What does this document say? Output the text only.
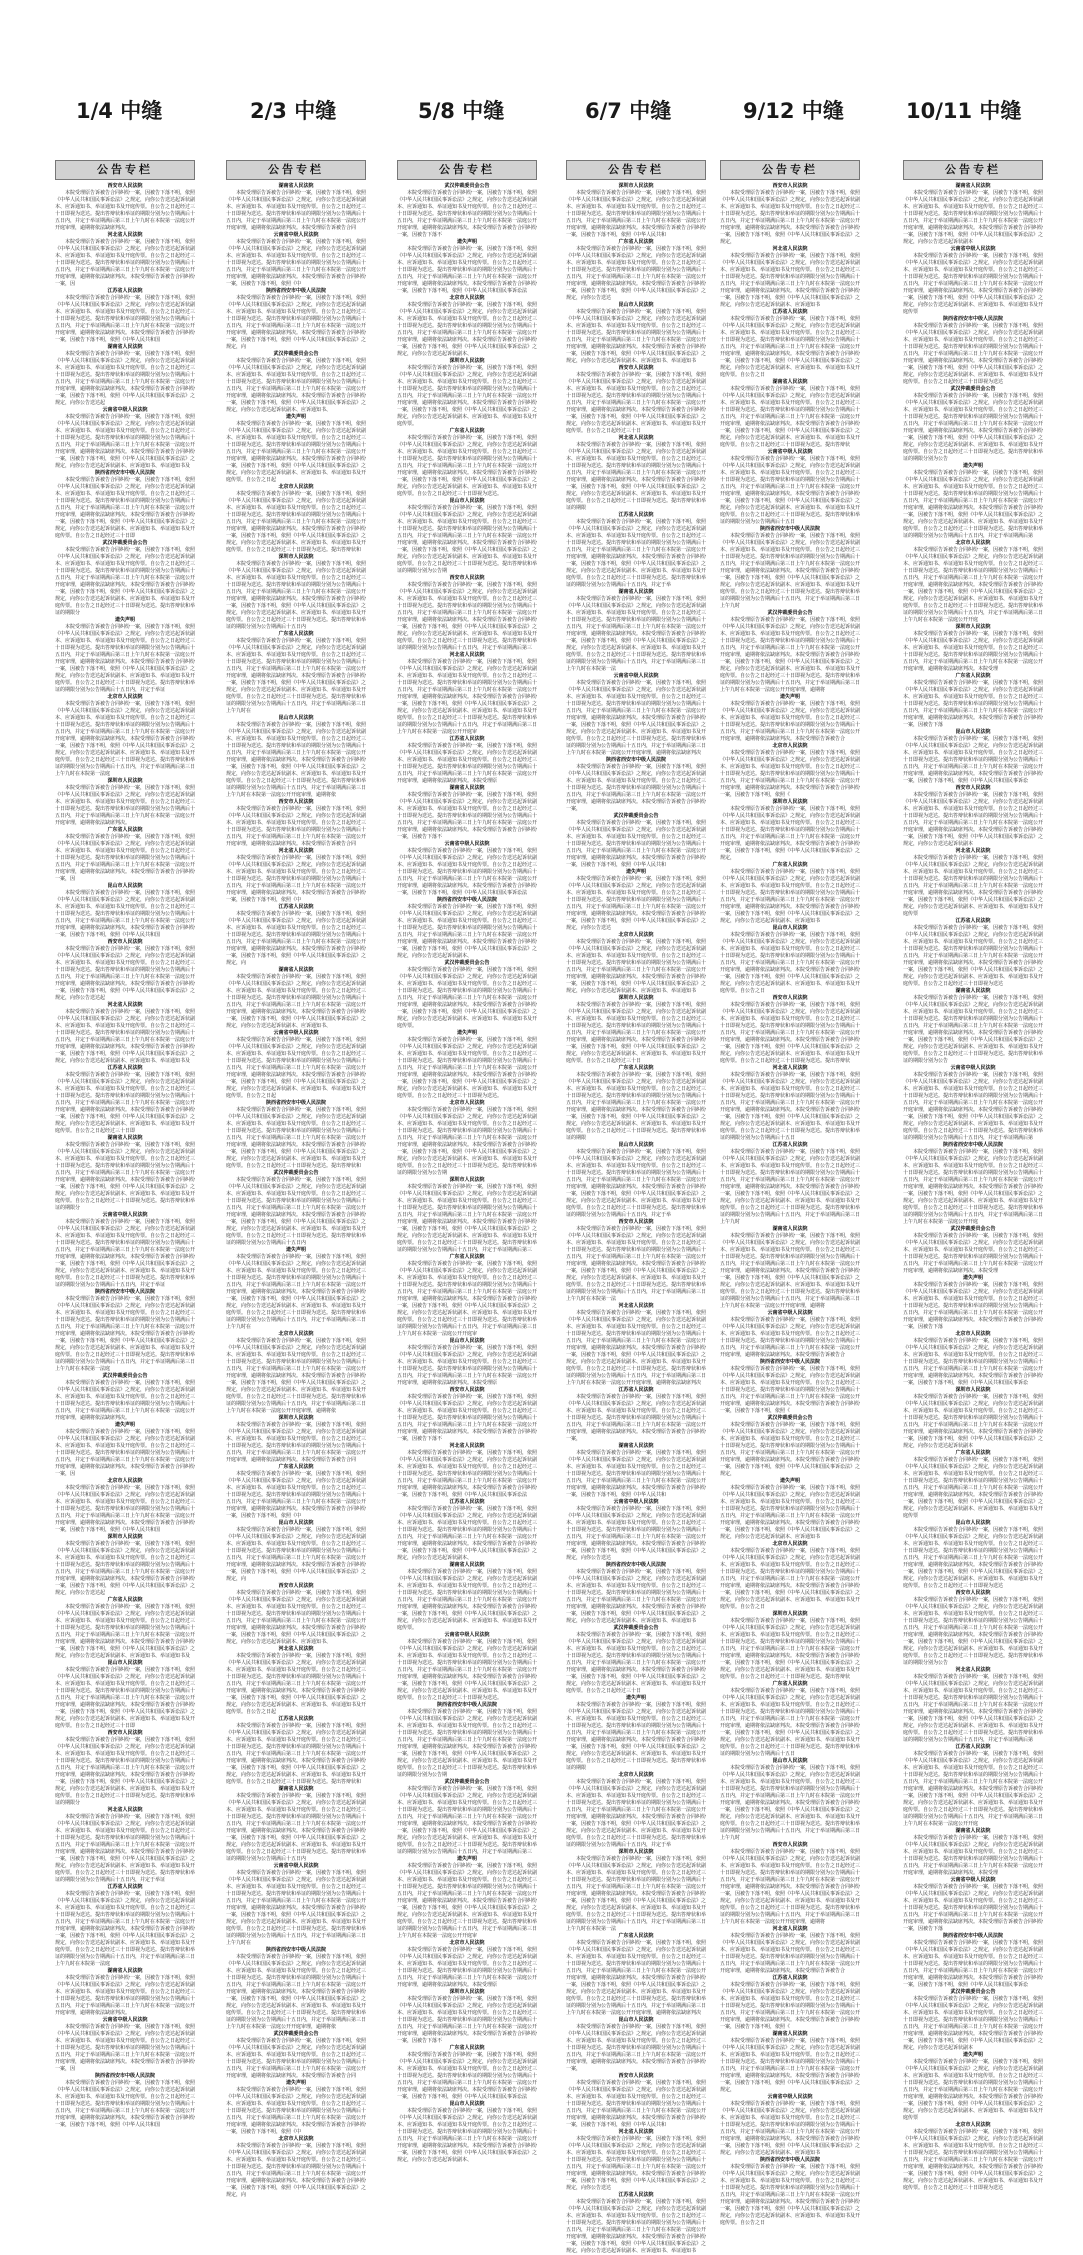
1/4 中缝	2/3 中缝	5/8 中缝	6/7 中缝	9/12 中缝	10/11 中缝
公告专栏
西安市人民法院
本院受理原告诉被告合同纠纷一案，因被告下落不明，依照《中华人民共和国民事诉讼法》之规定，向你公告送达起诉状副本、应诉通知书、举证通知书及开庭传票。自公告之日起经过三十日即视为送达。提出答辩状和举证的期限分别为公告期满后十五日内，并定于举证期满后第三日上午九时在本院第一法庭公开开庭审理，逾期将依法缺席判决。
河北省人民法院
本院受理原告诉被告合同纠纷一案，因被告下落不明，依照《中华人民共和国民事诉讼法》之规定，向你公告送达起诉状副本、应诉通知书、举证通知书及开庭传票。自公告之日起经过三十日即视为送达。提出答辩状和举证的期限分别为公告期满后十五日内，并定于举证期满后第三日上午九时在本院第一法庭公开开庭审理，逾期将依法缺席判决。本院受理原告诉被告合同纠纷一案，因
江苏省人民法院
本院受理原告诉被告合同纠纷一案，因被告下落不明，依照《中华人民共和国民事诉讼法》之规定，向你公告送达起诉状副本、应诉通知书、举证通知书及开庭传票。自公告之日起经过三十日即视为送达。提出答辩状和举证的期限分别为公告期满后十五日内，并定于举证期满后第三日上午九时在本院第一法庭公开开庭审理，逾期将依法缺席判决。本院受理原告诉被告合同纠纷一案，因被告下落不明，依照《中华人民共和国
湖南省人民法院
本院受理原告诉被告合同纠纷一案，因被告下落不明，依照《中华人民共和国民事诉讼法》之规定，向你公告送达起诉状副本、应诉通知书、举证通知书及开庭传票。自公告之日起经过三十日即视为送达。提出答辩状和举证的期限分别为公告期满后十五日内，并定于举证期满后第三日上午九时在本院第一法庭公开开庭审理，逾期将依法缺席判决。本院受理原告诉被告合同纠纷一案，因被告下落不明，依照《中华人民共和国民事诉讼法》之规定，向你公告送达起
云南省中级人民法院
本院受理原告诉被告合同纠纷一案，因被告下落不明，依照《中华人民共和国民事诉讼法》之规定，向你公告送达起诉状副本、应诉通知书、举证通知书及开庭传票。自公告之日起经过三十日即视为送达。提出答辩状和举证的期限分别为公告期满后十五日内，并定于举证期满后第三日上午九时在本院第一法庭公开开庭审理，逾期将依法缺席判决。本院受理原告诉被告合同纠纷一案，因被告下落不明，依照《中华人民共和国民事诉讼法》之规定，向你公告送达起诉状副本、应诉通知书、举证通知书及
陕西省西安市中级人民法院
本院受理原告诉被告合同纠纷一案，因被告下落不明，依照《中华人民共和国民事诉讼法》之规定，向你公告送达起诉状副本、应诉通知书、举证通知书及开庭传票。自公告之日起经过三十日即视为送达。提出答辩状和举证的期限分别为公告期满后十五日内，并定于举证期满后第三日上午九时在本院第一法庭公开开庭审理，逾期将依法缺席判决。本院受理原告诉被告合同纠纷一案，因被告下落不明，依照《中华人民共和国民事诉讼法》之规定，向你公告送达起诉状副本、应诉通知书、举证通知书及开庭传票。自公告之日起经过三十日即
武汉仲裁委员会公告
本院受理原告诉被告合同纠纷一案，因被告下落不明，依照《中华人民共和国民事诉讼法》之规定，向你公告送达起诉状副本、应诉通知书、举证通知书及开庭传票。自公告之日起经过三十日即视为送达。提出答辩状和举证的期限分别为公告期满后十五日内，并定于举证期满后第三日上午九时在本院第一法庭公开开庭审理，逾期将依法缺席判决。本院受理原告诉被告合同纠纷一案，因被告下落不明，依照《中华人民共和国民事诉讼法》之规定，向你公告送达起诉状副本、应诉通知书、举证通知书及开庭传票。自公告之日起经过三十日即视为送达。提出答辩状和举证的期限分
遗失声明
本院受理原告诉被告合同纠纷一案，因被告下落不明，依照《中华人民共和国民事诉讼法》之规定，向你公告送达起诉状副本、应诉通知书、举证通知书及开庭传票。自公告之日起经过三十日即视为送达。提出答辩状和举证的期限分别为公告期满后十五日内，并定于举证期满后第三日上午九时在本院第一法庭公开开庭审理，逾期将依法缺席判决。本院受理原告诉被告合同纠纷一案，因被告下落不明，依照《中华人民共和国民事诉讼法》之规定，向你公告送达起诉状副本、应诉通知书、举证通知书及开庭传票。自公告之日起经过三十日即视为送达。提出答辩状和举证的期限分别为公告期满后十五日内，并定于举证
北京市人民法院
本院受理原告诉被告合同纠纷一案，因被告下落不明，依照《中华人民共和国民事诉讼法》之规定，向你公告送达起诉状副本、应诉通知书、举证通知书及开庭传票。自公告之日起经过三十日即视为送达。提出答辩状和举证的期限分别为公告期满后十五日内，并定于举证期满后第三日上午九时在本院第一法庭公开开庭审理，逾期将依法缺席判决。本院受理原告诉被告合同纠纷一案，因被告下落不明，依照《中华人民共和国民事诉讼法》之规定，向你公告送达起诉状副本、应诉通知书、举证通知书及开庭传票。自公告之日起经过三十日即视为送达。提出答辩状和举证的期限分别为公告期满后十五日内，并定于举证期满后第三日上午九时在本院第一法庭
深圳市人民法院
本院受理原告诉被告合同纠纷一案，因被告下落不明，依照《中华人民共和国民事诉讼法》之规定，向你公告送达起诉状副本、应诉通知书、举证通知书及开庭传票。自公告之日起经过三十日即视为送达。提出答辩状和举证的期限分别为公告期满后十五日内，并定于举证期满后第三日上午九时在本院第一法庭公开开庭审理，逾期将依法缺席判决。
广东省人民法院
本院受理原告诉被告合同纠纷一案，因被告下落不明，依照《中华人民共和国民事诉讼法》之规定，向你公告送达起诉状副本、应诉通知书、举证通知书及开庭传票。自公告之日起经过三十日即视为送达。提出答辩状和举证的期限分别为公告期满后十五日内，并定于举证期满后第三日上午九时在本院第一法庭公开开庭审理，逾期将依法缺席判决。本院受理原告诉被告合同纠纷一案，因
昆山市人民法院
本院受理原告诉被告合同纠纷一案，因被告下落不明，依照《中华人民共和国民事诉讼法》之规定，向你公告送达起诉状副本、应诉通知书、举证通知书及开庭传票。自公告之日起经过三十日即视为送达。提出答辩状和举证的期限分别为公告期满后十五日内，并定于举证期满后第三日上午九时在本院第一法庭公开开庭审理，逾期将依法缺席判决。本院受理原告诉被告合同纠纷一案，因被告下落不明，依照《中华人民共和国
西安市人民法院
本院受理原告诉被告合同纠纷一案，因被告下落不明，依照《中华人民共和国民事诉讼法》之规定，向你公告送达起诉状副本、应诉通知书、举证通知书及开庭传票。自公告之日起经过三十日即视为送达。提出答辩状和举证的期限分别为公告期满后十五日内，并定于举证期满后第三日上午九时在本院第一法庭公开开庭审理，逾期将依法缺席判决。本院受理原告诉被告合同纠纷一案，因被告下落不明，依照《中华人民共和国民事诉讼法》之规定，向你公告送达起
河北省人民法院
本院受理原告诉被告合同纠纷一案，因被告下落不明，依照《中华人民共和国民事诉讼法》之规定，向你公告送达起诉状副本、应诉通知书、举证通知书及开庭传票。自公告之日起经过三十日即视为送达。提出答辩状和举证的期限分别为公告期满后十五日内，并定于举证期满后第三日上午九时在本院第一法庭公开开庭审理，逾期将依法缺席判决。本院受理原告诉被告合同纠纷一案，因被告下落不明，依照《中华人民共和国民事诉讼法》之规定，向你公告送达起诉状副本、应诉通知书、举证通知书及
江苏省人民法院
本院受理原告诉被告合同纠纷一案，因被告下落不明，依照《中华人民共和国民事诉讼法》之规定，向你公告送达起诉状副本、应诉通知书、举证通知书及开庭传票。自公告之日起经过三十日即视为送达。提出答辩状和举证的期限分别为公告期满后十五日内，并定于举证期满后第三日上午九时在本院第一法庭公开开庭审理，逾期将依法缺席判决。本院受理原告诉被告合同纠纷一案，因被告下落不明，依照《中华人民共和国民事诉讼法》之规定，向你公告送达起诉状副本、应诉通知书、举证通知书及开庭传票。自公告之日起经过三十日即
湖南省人民法院
本院受理原告诉被告合同纠纷一案，因被告下落不明，依照《中华人民共和国民事诉讼法》之规定，向你公告送达起诉状副本、应诉通知书、举证通知书及开庭传票。自公告之日起经过三十日即视为送达。提出答辩状和举证的期限分别为公告期满后十五日内，并定于举证期满后第三日上午九时在本院第一法庭公开开庭审理，逾期将依法缺席判决。本院受理原告诉被告合同纠纷一案，因被告下落不明，依照《中华人民共和国民事诉讼法》之规定，向你公告送达起诉状副本、应诉通知书、举证通知书及开庭传票。自公告之日起经过三十日即视为送达。提出答辩状和举证的期限分
云南省中级人民法院
本院受理原告诉被告合同纠纷一案，因被告下落不明，依照《中华人民共和国民事诉讼法》之规定，向你公告送达起诉状副本、应诉通知书、举证通知书及开庭传票。自公告之日起经过三十日即视为送达。提出答辩状和举证的期限分别为公告期满后十五日内，并定于举证期满后第三日上午九时在本院第一法庭公开开庭审理，逾期将依法缺席判决。本院受理原告诉被告合同纠纷一案，因被告下落不明，依照《中华人民共和国民事诉讼法》之规定，向你公告送达起诉状副本、应诉通知书、举证通知书及开庭传票。自公告之日起经过三十日即视为送达。提出答辩状和举证的期限分别为公告期满后十五日内，并定于举证
陕西省西安市中级人民法院
本院受理原告诉被告合同纠纷一案，因被告下落不明，依照《中华人民共和国民事诉讼法》之规定，向你公告送达起诉状副本、应诉通知书、举证通知书及开庭传票。自公告之日起经过三十日即视为送达。提出答辩状和举证的期限分别为公告期满后十五日内，并定于举证期满后第三日上午九时在本院第一法庭公开开庭审理，逾期将依法缺席判决。本院受理原告诉被告合同纠纷一案，因被告下落不明，依照《中华人民共和国民事诉讼法》之规定，向你公告送达起诉状副本、应诉通知书、举证通知书及开庭传票。自公告之日起经过三十日即视为送达。提出答辩状和举证的期限分别为公告期满后十五日内，并定于举证期满后第三日上午九时在本院第一法庭
武汉仲裁委员会公告
本院受理原告诉被告合同纠纷一案，因被告下落不明，依照《中华人民共和国民事诉讼法》之规定，向你公告送达起诉状副本、应诉通知书、举证通知书及开庭传票。自公告之日起经过三十日即视为送达。提出答辩状和举证的期限分别为公告期满后十五日内，并定于举证期满后第三日上午九时在本院第一法庭公开开庭审理，逾期将依法缺席判决。
遗失声明
本院受理原告诉被告合同纠纷一案，因被告下落不明，依照《中华人民共和国民事诉讼法》之规定，向你公告送达起诉状副本、应诉通知书、举证通知书及开庭传票。自公告之日起经过三十日即视为送达。提出答辩状和举证的期限分别为公告期满后十五日内，并定于举证期满后第三日上午九时在本院第一法庭公开开庭审理，逾期将依法缺席判决。本院受理原告诉被告合同纠纷一案，因
北京市人民法院
本院受理原告诉被告合同纠纷一案，因被告下落不明，依照《中华人民共和国民事诉讼法》之规定，向你公告送达起诉状副本、应诉通知书、举证通知书及开庭传票。自公告之日起经过三十日即视为送达。提出答辩状和举证的期限分别为公告期满后十五日内，并定于举证期满后第三日上午九时在本院第一法庭公开开庭审理，逾期将依法缺席判决。本院受理原告诉被告合同纠纷一案，因被告下落不明，依照《中华人民共和国
深圳市人民法院
本院受理原告诉被告合同纠纷一案，因被告下落不明，依照《中华人民共和国民事诉讼法》之规定，向你公告送达起诉状副本、应诉通知书、举证通知书及开庭传票。自公告之日起经过三十日即视为送达。提出答辩状和举证的期限分别为公告期满后十五日内，并定于举证期满后第三日上午九时在本院第一法庭公开开庭审理，逾期将依法缺席判决。本院受理原告诉被告合同纠纷一案，因被告下落不明，依照《中华人民共和国民事诉讼法》之规定，向你公告送达起
广东省人民法院
本院受理原告诉被告合同纠纷一案，因被告下落不明，依照《中华人民共和国民事诉讼法》之规定，向你公告送达起诉状副本、应诉通知书、举证通知书及开庭传票。自公告之日起经过三十日即视为送达。提出答辩状和举证的期限分别为公告期满后十五日内，并定于举证期满后第三日上午九时在本院第一法庭公开开庭审理，逾期将依法缺席判决。本院受理原告诉被告合同纠纷一案，因被告下落不明，依照《中华人民共和国民事诉讼法》之规定，向你公告送达起诉状副本、应诉通知书、举证通知书及
昆山市人民法院
本院受理原告诉被告合同纠纷一案，因被告下落不明，依照《中华人民共和国民事诉讼法》之规定，向你公告送达起诉状副本、应诉通知书、举证通知书及开庭传票。自公告之日起经过三十日即视为送达。提出答辩状和举证的期限分别为公告期满后十五日内，并定于举证期满后第三日上午九时在本院第一法庭公开开庭审理，逾期将依法缺席判决。本院受理原告诉被告合同纠纷一案，因被告下落不明，依照《中华人民共和国民事诉讼法》之规定，向你公告送达起诉状副本、应诉通知书、举证通知书及开庭传票。自公告之日起经过三十日即
西安市人民法院
本院受理原告诉被告合同纠纷一案，因被告下落不明，依照《中华人民共和国民事诉讼法》之规定，向你公告送达起诉状副本、应诉通知书、举证通知书及开庭传票。自公告之日起经过三十日即视为送达。提出答辩状和举证的期限分别为公告期满后十五日内，并定于举证期满后第三日上午九时在本院第一法庭公开开庭审理，逾期将依法缺席判决。本院受理原告诉被告合同纠纷一案，因被告下落不明，依照《中华人民共和国民事诉讼法》之规定，向你公告送达起诉状副本、应诉通知书、举证通知书及开庭传票。自公告之日起经过三十日即视为送达。提出答辩状和举证的期限分
河北省人民法院
本院受理原告诉被告合同纠纷一案，因被告下落不明，依照《中华人民共和国民事诉讼法》之规定，向你公告送达起诉状副本、应诉通知书、举证通知书及开庭传票。自公告之日起经过三十日即视为送达。提出答辩状和举证的期限分别为公告期满后十五日内，并定于举证期满后第三日上午九时在本院第一法庭公开开庭审理，逾期将依法缺席判决。本院受理原告诉被告合同纠纷一案，因被告下落不明，依照《中华人民共和国民事诉讼法》之规定，向你公告送达起诉状副本、应诉通知书、举证通知书及开庭传票。自公告之日起经过三十日即视为送达。提出答辩状和举证的期限分别为公告期满后十五日内，并定于举证
江苏省人民法院
本院受理原告诉被告合同纠纷一案，因被告下落不明，依照《中华人民共和国民事诉讼法》之规定，向你公告送达起诉状副本、应诉通知书、举证通知书及开庭传票。自公告之日起经过三十日即视为送达。提出答辩状和举证的期限分别为公告期满后十五日内，并定于举证期满后第三日上午九时在本院第一法庭公开开庭审理，逾期将依法缺席判决。本院受理原告诉被告合同纠纷一案，因被告下落不明，依照《中华人民共和国民事诉讼法》之规定，向你公告送达起诉状副本、应诉通知书、举证通知书及开庭传票。自公告之日起经过三十日即视为送达。提出答辩状和举证的期限分别为公告期满后十五日内，并定于举证期满后第三日上午九时在本院第一法庭
湖南省人民法院
本院受理原告诉被告合同纠纷一案，因被告下落不明，依照《中华人民共和国民事诉讼法》之规定，向你公告送达起诉状副本、应诉通知书、举证通知书及开庭传票。自公告之日起经过三十日即视为送达。提出答辩状和举证的期限分别为公告期满后十五日内，并定于举证期满后第三日上午九时在本院第一法庭公开开庭审理，逾期将依法缺席判决。
云南省中级人民法院
本院受理原告诉被告合同纠纷一案，因被告下落不明，依照《中华人民共和国民事诉讼法》之规定，向你公告送达起诉状副本、应诉通知书、举证通知书及开庭传票。自公告之日起经过三十日即视为送达。提出答辩状和举证的期限分别为公告期满后十五日内，并定于举证期满后第三日上午九时在本院第一法庭公开开庭审理，逾期将依法缺席判决。本院受理原告诉被告合同纠纷一案，因
陕西省西安市中级人民法院
本院受理原告诉被告合同纠纷一案，因被告下落不明，依照《中华人民共和国民事诉讼法》之规定，向你公告送达起诉状副本、应诉通知书、举证通知书及开庭传票。自公告之日起经过三十日即视为送达。提出答辩状和举证的期限分别为公告期满后十五日内，并定于举证期满后第三日上午九时在本院第一法庭公开开庭审理，逾期将依法缺席判决。本院受理原告诉被告合同纠纷一案，因被告下落不明，依照《中华人民共和国
公告专栏
湖南省人民法院
本院受理原告诉被告合同纠纷一案，因被告下落不明，依照《中华人民共和国民事诉讼法》之规定，向你公告送达起诉状副本、应诉通知书、举证通知书及开庭传票。自公告之日起经过三十日即视为送达。提出答辩状和举证的期限分别为公告期满后十五日内，并定于举证期满后第三日上午九时在本院第一法庭公开开庭审理，逾期将依法缺席判决。本院受理原告诉被告合同
云南省中级人民法院
本院受理原告诉被告合同纠纷一案，因被告下落不明，依照《中华人民共和国民事诉讼法》之规定，向你公告送达起诉状副本、应诉通知书、举证通知书及开庭传票。自公告之日起经过三十日即视为送达。提出答辩状和举证的期限分别为公告期满后十五日内，并定于举证期满后第三日上午九时在本院第一法庭公开开庭审理，逾期将依法缺席判决。本院受理原告诉被告合同纠纷一案，因被告下落不明，依照《中
陕西省西安市中级人民法院
本院受理原告诉被告合同纠纷一案，因被告下落不明，依照《中华人民共和国民事诉讼法》之规定，向你公告送达起诉状副本、应诉通知书、举证通知书及开庭传票。自公告之日起经过三十日即视为送达。提出答辩状和举证的期限分别为公告期满后十五日内，并定于举证期满后第三日上午九时在本院第一法庭公开开庭审理，逾期将依法缺席判决。本院受理原告诉被告合同纠纷一案，因被告下落不明，依照《中华人民共和国民事诉讼法》之规定，向
武汉仲裁委员会公告
本院受理原告诉被告合同纠纷一案，因被告下落不明，依照《中华人民共和国民事诉讼法》之规定，向你公告送达起诉状副本、应诉通知书、举证通知书及开庭传票。自公告之日起经过三十日即视为送达。提出答辩状和举证的期限分别为公告期满后十五日内，并定于举证期满后第三日上午九时在本院第一法庭公开开庭审理，逾期将依法缺席判决。本院受理原告诉被告合同纠纷一案，因被告下落不明，依照《中华人民共和国民事诉讼法》之规定，向你公告送达起诉状副本、应诉通知书、
遗失声明
本院受理原告诉被告合同纠纷一案，因被告下落不明，依照《中华人民共和国民事诉讼法》之规定，向你公告送达起诉状副本、应诉通知书、举证通知书及开庭传票。自公告之日起经过三十日即视为送达。提出答辩状和举证的期限分别为公告期满后十五日内，并定于举证期满后第三日上午九时在本院第一法庭公开开庭审理，逾期将依法缺席判决。本院受理原告诉被告合同纠纷一案，因被告下落不明，依照《中华人民共和国民事诉讼法》之规定，向你公告送达起诉状副本、应诉通知书、举证通知书及开庭传票。自公告之日起
北京市人民法院
本院受理原告诉被告合同纠纷一案，因被告下落不明，依照《中华人民共和国民事诉讼法》之规定，向你公告送达起诉状副本、应诉通知书、举证通知书及开庭传票。自公告之日起经过三十日即视为送达。提出答辩状和举证的期限分别为公告期满后十五日内，并定于举证期满后第三日上午九时在本院第一法庭公开开庭审理，逾期将依法缺席判决。本院受理原告诉被告合同纠纷一案，因被告下落不明，依照《中华人民共和国民事诉讼法》之规定，向你公告送达起诉状副本、应诉通知书、举证通知书及开庭传票。自公告之日起经过三十日即视为送达。提出答辩状和
深圳市人民法院
本院受理原告诉被告合同纠纷一案，因被告下落不明，依照《中华人民共和国民事诉讼法》之规定，向你公告送达起诉状副本、应诉通知书、举证通知书及开庭传票。自公告之日起经过三十日即视为送达。提出答辩状和举证的期限分别为公告期满后十五日内，并定于举证期满后第三日上午九时在本院第一法庭公开开庭审理，逾期将依法缺席判决。本院受理原告诉被告合同纠纷一案，因被告下落不明，依照《中华人民共和国民事诉讼法》之规定，向你公告送达起诉状副本、应诉通知书、举证通知书及开庭传票。自公告之日起经过三十日即视为送达。提出答辩状和举证的期限分别为公告期满后十五日内
广东省人民法院
本院受理原告诉被告合同纠纷一案，因被告下落不明，依照《中华人民共和国民事诉讼法》之规定，向你公告送达起诉状副本、应诉通知书、举证通知书及开庭传票。自公告之日起经过三十日即视为送达。提出答辩状和举证的期限分别为公告期满后十五日内，并定于举证期满后第三日上午九时在本院第一法庭公开开庭审理，逾期将依法缺席判决。本院受理原告诉被告合同纠纷一案，因被告下落不明，依照《中华人民共和国民事诉讼法》之规定，向你公告送达起诉状副本、应诉通知书、举证通知书及开庭传票。自公告之日起经过三十日即视为送达。提出答辩状和举证的期限分别为公告期满后十五日内，并定于举证期满后第三日上午九时在
昆山市人民法院
本院受理原告诉被告合同纠纷一案，因被告下落不明，依照《中华人民共和国民事诉讼法》之规定，向你公告送达起诉状副本、应诉通知书、举证通知书及开庭传票。自公告之日起经过三十日即视为送达。提出答辩状和举证的期限分别为公告期满后十五日内，并定于举证期满后第三日上午九时在本院第一法庭公开开庭审理，逾期将依法缺席判决。本院受理原告诉被告合同纠纷一案，因被告下落不明，依照《中华人民共和国民事诉讼法》之规定，向你公告送达起诉状副本、应诉通知书、举证通知书及开庭传票。自公告之日起经过三十日即视为送达。提出答辩状和举证的期限分别为公告期满后十五日内，并定于举证期满后第三日上午九时在本院第一法庭公开开庭审理，逾期将依
西安市人民法院
本院受理原告诉被告合同纠纷一案，因被告下落不明，依照《中华人民共和国民事诉讼法》之规定，向你公告送达起诉状副本、应诉通知书、举证通知书及开庭传票。自公告之日起经过三十日即视为送达。提出答辩状和举证的期限分别为公告期满后十五日内，并定于举证期满后第三日上午九时在本院第一法庭公开开庭审理，逾期将依法缺席判决。本院受理原告诉被告合同
河北省人民法院
本院受理原告诉被告合同纠纷一案，因被告下落不明，依照《中华人民共和国民事诉讼法》之规定，向你公告送达起诉状副本、应诉通知书、举证通知书及开庭传票。自公告之日起经过三十日即视为送达。提出答辩状和举证的期限分别为公告期满后十五日内，并定于举证期满后第三日上午九时在本院第一法庭公开开庭审理，逾期将依法缺席判决。本院受理原告诉被告合同纠纷一案，因被告下落不明，依照《中
江苏省人民法院
本院受理原告诉被告合同纠纷一案，因被告下落不明，依照《中华人民共和国民事诉讼法》之规定，向你公告送达起诉状副本、应诉通知书、举证通知书及开庭传票。自公告之日起经过三十日即视为送达。提出答辩状和举证的期限分别为公告期满后十五日内，并定于举证期满后第三日上午九时在本院第一法庭公开开庭审理，逾期将依法缺席判决。本院受理原告诉被告合同纠纷一案，因被告下落不明，依照《中华人民共和国民事诉讼法》之规定，向
湖南省人民法院
本院受理原告诉被告合同纠纷一案，因被告下落不明，依照《中华人民共和国民事诉讼法》之规定，向你公告送达起诉状副本、应诉通知书、举证通知书及开庭传票。自公告之日起经过三十日即视为送达。提出答辩状和举证的期限分别为公告期满后十五日内，并定于举证期满后第三日上午九时在本院第一法庭公开开庭审理，逾期将依法缺席判决。本院受理原告诉被告合同纠纷一案，因被告下落不明，依照《中华人民共和国民事诉讼法》之规定，向你公告送达起诉状副本、应诉通知书、
云南省中级人民法院
本院受理原告诉被告合同纠纷一案，因被告下落不明，依照《中华人民共和国民事诉讼法》之规定，向你公告送达起诉状副本、应诉通知书、举证通知书及开庭传票。自公告之日起经过三十日即视为送达。提出答辩状和举证的期限分别为公告期满后十五日内，并定于举证期满后第三日上午九时在本院第一法庭公开开庭审理，逾期将依法缺席判决。本院受理原告诉被告合同纠纷一案，因被告下落不明，依照《中华人民共和国民事诉讼法》之规定，向你公告送达起诉状副本、应诉通知书、举证通知书及开庭传票。自公告之日起
陕西省西安市中级人民法院
本院受理原告诉被告合同纠纷一案，因被告下落不明，依照《中华人民共和国民事诉讼法》之规定，向你公告送达起诉状副本、应诉通知书、举证通知书及开庭传票。自公告之日起经过三十日即视为送达。提出答辩状和举证的期限分别为公告期满后十五日内，并定于举证期满后第三日上午九时在本院第一法庭公开开庭审理，逾期将依法缺席判决。本院受理原告诉被告合同纠纷一案，因被告下落不明，依照《中华人民共和国民事诉讼法》之规定，向你公告送达起诉状副本、应诉通知书、举证通知书及开庭传票。自公告之日起经过三十日即视为送达。提出答辩状和
武汉仲裁委员会公告
本院受理原告诉被告合同纠纷一案，因被告下落不明，依照《中华人民共和国民事诉讼法》之规定，向你公告送达起诉状副本、应诉通知书、举证通知书及开庭传票。自公告之日起经过三十日即视为送达。提出答辩状和举证的期限分别为公告期满后十五日内，并定于举证期满后第三日上午九时在本院第一法庭公开开庭审理，逾期将依法缺席判决。本院受理原告诉被告合同纠纷一案，因被告下落不明，依照《中华人民共和国民事诉讼法》之规定，向你公告送达起诉状副本、应诉通知书、举证通知书及开庭传票。自公告之日起经过三十日即视为送达。提出答辩状和举证的期限分别为公告期满后十五日内
遗失声明
本院受理原告诉被告合同纠纷一案，因被告下落不明，依照《中华人民共和国民事诉讼法》之规定，向你公告送达起诉状副本、应诉通知书、举证通知书及开庭传票。自公告之日起经过三十日即视为送达。提出答辩状和举证的期限分别为公告期满后十五日内，并定于举证期满后第三日上午九时在本院第一法庭公开开庭审理，逾期将依法缺席判决。本院受理原告诉被告合同纠纷一案，因被告下落不明，依照《中华人民共和国民事诉讼法》之规定，向你公告送达起诉状副本、应诉通知书、举证通知书及开庭传票。自公告之日起经过三十日即视为送达。提出答辩状和举证的期限分别为公告期满后十五日内，并定于举证期满后第三日上午九时在
北京市人民法院
本院受理原告诉被告合同纠纷一案，因被告下落不明，依照《中华人民共和国民事诉讼法》之规定，向你公告送达起诉状副本、应诉通知书、举证通知书及开庭传票。自公告之日起经过三十日即视为送达。提出答辩状和举证的期限分别为公告期满后十五日内，并定于举证期满后第三日上午九时在本院第一法庭公开开庭审理，逾期将依法缺席判决。本院受理原告诉被告合同纠纷一案，因被告下落不明，依照《中华人民共和国民事诉讼法》之规定，向你公告送达起诉状副本、应诉通知书、举证通知书及开庭传票。自公告之日起经过三十日即视为送达。提出答辩状和举证的期限分别为公告期满后十五日内，并定于举证期满后第三日上午九时在本院第一法庭公开开庭审理，逾期将依
深圳市人民法院
本院受理原告诉被告合同纠纷一案，因被告下落不明，依照《中华人民共和国民事诉讼法》之规定，向你公告送达起诉状副本、应诉通知书、举证通知书及开庭传票。自公告之日起经过三十日即视为送达。提出答辩状和举证的期限分别为公告期满后十五日内，并定于举证期满后第三日上午九时在本院第一法庭公开开庭审理，逾期将依法缺席判决。本院受理原告诉被告合同
广东省人民法院
本院受理原告诉被告合同纠纷一案，因被告下落不明，依照《中华人民共和国民事诉讼法》之规定，向你公告送达起诉状副本、应诉通知书、举证通知书及开庭传票。自公告之日起经过三十日即视为送达。提出答辩状和举证的期限分别为公告期满后十五日内，并定于举证期满后第三日上午九时在本院第一法庭公开开庭审理，逾期将依法缺席判决。本院受理原告诉被告合同纠纷一案，因被告下落不明，依照《中
昆山市人民法院
本院受理原告诉被告合同纠纷一案，因被告下落不明，依照《中华人民共和国民事诉讼法》之规定，向你公告送达起诉状副本、应诉通知书、举证通知书及开庭传票。自公告之日起经过三十日即视为送达。提出答辩状和举证的期限分别为公告期满后十五日内，并定于举证期满后第三日上午九时在本院第一法庭公开开庭审理，逾期将依法缺席判决。本院受理原告诉被告合同纠纷一案，因被告下落不明，依照《中华人民共和国民事诉讼法》之规定，向
西安市人民法院
本院受理原告诉被告合同纠纷一案，因被告下落不明，依照《中华人民共和国民事诉讼法》之规定，向你公告送达起诉状副本、应诉通知书、举证通知书及开庭传票。自公告之日起经过三十日即视为送达。提出答辩状和举证的期限分别为公告期满后十五日内，并定于举证期满后第三日上午九时在本院第一法庭公开开庭审理，逾期将依法缺席判决。本院受理原告诉被告合同纠纷一案，因被告下落不明，依照《中华人民共和国民事诉讼法》之规定，向你公告送达起诉状副本、应诉通知书、
河北省人民法院
本院受理原告诉被告合同纠纷一案，因被告下落不明，依照《中华人民共和国民事诉讼法》之规定，向你公告送达起诉状副本、应诉通知书、举证通知书及开庭传票。自公告之日起经过三十日即视为送达。提出答辩状和举证的期限分别为公告期满后十五日内，并定于举证期满后第三日上午九时在本院第一法庭公开开庭审理，逾期将依法缺席判决。本院受理原告诉被告合同纠纷一案，因被告下落不明，依照《中华人民共和国民事诉讼法》之规定，向你公告送达起诉状副本、应诉通知书、举证通知书及开庭传票。自公告之日起
江苏省人民法院
本院受理原告诉被告合同纠纷一案，因被告下落不明，依照《中华人民共和国民事诉讼法》之规定，向你公告送达起诉状副本、应诉通知书、举证通知书及开庭传票。自公告之日起经过三十日即视为送达。提出答辩状和举证的期限分别为公告期满后十五日内，并定于举证期满后第三日上午九时在本院第一法庭公开开庭审理，逾期将依法缺席判决。本院受理原告诉被告合同纠纷一案，因被告下落不明，依照《中华人民共和国民事诉讼法》之规定，向你公告送达起诉状副本、应诉通知书、举证通知书及开庭传票。自公告之日起经过三十日即视为送达。提出答辩状和
湖南省人民法院
本院受理原告诉被告合同纠纷一案，因被告下落不明，依照《中华人民共和国民事诉讼法》之规定，向你公告送达起诉状副本、应诉通知书、举证通知书及开庭传票。自公告之日起经过三十日即视为送达。提出答辩状和举证的期限分别为公告期满后十五日内，并定于举证期满后第三日上午九时在本院第一法庭公开开庭审理，逾期将依法缺席判决。本院受理原告诉被告合同纠纷一案，因被告下落不明，依照《中华人民共和国民事诉讼法》之规定，向你公告送达起诉状副本、应诉通知书、举证通知书及开庭传票。自公告之日起经过三十日即视为送达。提出答辩状和举证的期限分别为公告期满后十五日内
云南省中级人民法院
本院受理原告诉被告合同纠纷一案，因被告下落不明，依照《中华人民共和国民事诉讼法》之规定，向你公告送达起诉状副本、应诉通知书、举证通知书及开庭传票。自公告之日起经过三十日即视为送达。提出答辩状和举证的期限分别为公告期满后十五日内，并定于举证期满后第三日上午九时在本院第一法庭公开开庭审理，逾期将依法缺席判决。本院受理原告诉被告合同纠纷一案，因被告下落不明，依照《中华人民共和国民事诉讼法》之规定，向你公告送达起诉状副本、应诉通知书、举证通知书及开庭传票。自公告之日起经过三十日即视为送达。提出答辩状和举证的期限分别为公告期满后十五日内，并定于举证期满后第三日上午九时在
陕西省西安市中级人民法院
本院受理原告诉被告合同纠纷一案，因被告下落不明，依照《中华人民共和国民事诉讼法》之规定，向你公告送达起诉状副本、应诉通知书、举证通知书及开庭传票。自公告之日起经过三十日即视为送达。提出答辩状和举证的期限分别为公告期满后十五日内，并定于举证期满后第三日上午九时在本院第一法庭公开开庭审理，逾期将依法缺席判决。本院受理原告诉被告合同纠纷一案，因被告下落不明，依照《中华人民共和国民事诉讼法》之规定，向你公告送达起诉状副本、应诉通知书、举证通知书及开庭传票。自公告之日起经过三十日即视为送达。提出答辩状和举证的期限分别为公告期满后十五日内，并定于举证期满后第三日上午九时在本院第一法庭公开开庭审理，逾期将依
武汉仲裁委员会公告
本院受理原告诉被告合同纠纷一案，因被告下落不明，依照《中华人民共和国民事诉讼法》之规定，向你公告送达起诉状副本、应诉通知书、举证通知书及开庭传票。自公告之日起经过三十日即视为送达。提出答辩状和举证的期限分别为公告期满后十五日内，并定于举证期满后第三日上午九时在本院第一法庭公开开庭审理，逾期将依法缺席判决。本院受理原告诉被告合同
遗失声明
本院受理原告诉被告合同纠纷一案，因被告下落不明，依照《中华人民共和国民事诉讼法》之规定，向你公告送达起诉状副本、应诉通知书、举证通知书及开庭传票。自公告之日起经过三十日即视为送达。提出答辩状和举证的期限分别为公告期满后十五日内，并定于举证期满后第三日上午九时在本院第一法庭公开开庭审理，逾期将依法缺席判决。本院受理原告诉被告合同纠纷一案，因被告下落不明，依照《中
北京市人民法院
本院受理原告诉被告合同纠纷一案，因被告下落不明，依照《中华人民共和国民事诉讼法》之规定，向你公告送达起诉状副本、应诉通知书、举证通知书及开庭传票。自公告之日起经过三十日即视为送达。提出答辩状和举证的期限分别为公告期满后十五日内，并定于举证期满后第三日上午九时在本院第一法庭公开开庭审理，逾期将依法缺席判决。本院受理原告诉被告合同纠纷一案，因被告下落不明，依照《中华人民共和国民事诉讼法》之规定，向
公告专栏
武汉仲裁委员会公告
本院受理原告诉被告合同纠纷一案，因被告下落不明，依照《中华人民共和国民事诉讼法》之规定，向你公告送达起诉状副本、应诉通知书、举证通知书及开庭传票。自公告之日起经过三十日即视为送达。提出答辩状和举证的期限分别为公告期满后十五日内，并定于举证期满后第三日上午九时在本院第一法庭公开开庭审理，逾期将依法缺席判决。本院受理原告诉被告合同纠纷一案，因被告下落不
遗失声明
本院受理原告诉被告合同纠纷一案，因被告下落不明，依照《中华人民共和国民事诉讼法》之规定，向你公告送达起诉状副本、应诉通知书、举证通知书及开庭传票。自公告之日起经过三十日即视为送达。提出答辩状和举证的期限分别为公告期满后十五日内，并定于举证期满后第三日上午九时在本院第一法庭公开开庭审理，逾期将依法缺席判决。本院受理原告诉被告合同纠纷一案，因被告下落不明，依照《中华人民共和国民事诉讼法
北京市人民法院
本院受理原告诉被告合同纠纷一案，因被告下落不明，依照《中华人民共和国民事诉讼法》之规定，向你公告送达起诉状副本、应诉通知书、举证通知书及开庭传票。自公告之日起经过三十日即视为送达。提出答辩状和举证的期限分别为公告期满后十五日内，并定于举证期满后第三日上午九时在本院第一法庭公开开庭审理，逾期将依法缺席判决。本院受理原告诉被告合同纠纷一案，因被告下落不明，依照《中华人民共和国民事诉讼法》之规定，向你公告送达起诉状副本、
深圳市人民法院
本院受理原告诉被告合同纠纷一案，因被告下落不明，依照《中华人民共和国民事诉讼法》之规定，向你公告送达起诉状副本、应诉通知书、举证通知书及开庭传票。自公告之日起经过三十日即视为送达。提出答辩状和举证的期限分别为公告期满后十五日内，并定于举证期满后第三日上午九时在本院第一法庭公开开庭审理，逾期将依法缺席判决。本院受理原告诉被告合同纠纷一案，因被告下落不明，依照《中华人民共和国民事诉讼法》之规定，向你公告送达起诉状副本、应诉通知书、举证通知书及开庭传票。
广东省人民法院
本院受理原告诉被告合同纠纷一案，因被告下落不明，依照《中华人民共和国民事诉讼法》之规定，向你公告送达起诉状副本、应诉通知书、举证通知书及开庭传票。自公告之日起经过三十日即视为送达。提出答辩状和举证的期限分别为公告期满后十五日内，并定于举证期满后第三日上午九时在本院第一法庭公开开庭审理，逾期将依法缺席判决。本院受理原告诉被告合同纠纷一案，因被告下落不明，依照《中华人民共和国民事诉讼法》之规定，向你公告送达起诉状副本、应诉通知书、举证通知书及开庭传票。自公告之日起经过三十日即视为送达。
昆山市人民法院
本院受理原告诉被告合同纠纷一案，因被告下落不明，依照《中华人民共和国民事诉讼法》之规定，向你公告送达起诉状副本、应诉通知书、举证通知书及开庭传票。自公告之日起经过三十日即视为送达。提出答辩状和举证的期限分别为公告期满后十五日内，并定于举证期满后第三日上午九时在本院第一法庭公开开庭审理，逾期将依法缺席判决。本院受理原告诉被告合同纠纷一案，因被告下落不明，依照《中华人民共和国民事诉讼法》之规定，向你公告送达起诉状副本、应诉通知书、举证通知书及开庭传票。自公告之日起经过三十日即视为送达。提出答辩状和举证的期限分别为公告期
西安市人民法院
本院受理原告诉被告合同纠纷一案，因被告下落不明，依照《中华人民共和国民事诉讼法》之规定，向你公告送达起诉状副本、应诉通知书、举证通知书及开庭传票。自公告之日起经过三十日即视为送达。提出答辩状和举证的期限分别为公告期满后十五日内，并定于举证期满后第三日上午九时在本院第一法庭公开开庭审理，逾期将依法缺席判决。本院受理原告诉被告合同纠纷一案，因被告下落不明，依照《中华人民共和国民事诉讼法》之规定，向你公告送达起诉状副本、应诉通知书、举证通知书及开庭传票。自公告之日起经过三十日即视为送达。提出答辩状和举证的期限分别为公告期满后十五日内，并定于举证期满后第三
河北省人民法院
本院受理原告诉被告合同纠纷一案，因被告下落不明，依照《中华人民共和国民事诉讼法》之规定，向你公告送达起诉状副本、应诉通知书、举证通知书及开庭传票。自公告之日起经过三十日即视为送达。提出答辩状和举证的期限分别为公告期满后十五日内，并定于举证期满后第三日上午九时在本院第一法庭公开开庭审理，逾期将依法缺席判决。本院受理原告诉被告合同纠纷一案，因被告下落不明，依照《中华人民共和国民事诉讼法》之规定，向你公告送达起诉状副本、应诉通知书、举证通知书及开庭传票。自公告之日起经过三十日即视为送达。提出答辩状和举证的期限分别为公告期满后十五日内，并定于举证期满后第三日上午九时在本院第一法庭公开开庭审
江苏省人民法院
本院受理原告诉被告合同纠纷一案，因被告下落不明，依照《中华人民共和国民事诉讼法》之规定，向你公告送达起诉状副本、应诉通知书、举证通知书及开庭传票。自公告之日起经过三十日即视为送达。提出答辩状和举证的期限分别为公告期满后十五日内，并定于举证期满后第三日上午九时在本院第一法庭公开开庭审理，逾期将依法缺席判决。本院受理原
湖南省人民法院
本院受理原告诉被告合同纠纷一案，因被告下落不明，依照《中华人民共和国民事诉讼法》之规定，向你公告送达起诉状副本、应诉通知书、举证通知书及开庭传票。自公告之日起经过三十日即视为送达。提出答辩状和举证的期限分别为公告期满后十五日内，并定于举证期满后第三日上午九时在本院第一法庭公开开庭审理，逾期将依法缺席判决。本院受理原告诉被告合同纠纷一案，因被告下落不
云南省中级人民法院
本院受理原告诉被告合同纠纷一案，因被告下落不明，依照《中华人民共和国民事诉讼法》之规定，向你公告送达起诉状副本、应诉通知书、举证通知书及开庭传票。自公告之日起经过三十日即视为送达。提出答辩状和举证的期限分别为公告期满后十五日内，并定于举证期满后第三日上午九时在本院第一法庭公开开庭审理，逾期将依法缺席判决。本院受理原告诉被告合同纠纷一案，因被告下落不明，依照《中华人民共和国民事诉讼法
陕西省西安市中级人民法院
本院受理原告诉被告合同纠纷一案，因被告下落不明，依照《中华人民共和国民事诉讼法》之规定，向你公告送达起诉状副本、应诉通知书、举证通知书及开庭传票。自公告之日起经过三十日即视为送达。提出答辩状和举证的期限分别为公告期满后十五日内，并定于举证期满后第三日上午九时在本院第一法庭公开开庭审理，逾期将依法缺席判决。本院受理原告诉被告合同纠纷一案，因被告下落不明，依照《中华人民共和国民事诉讼法》之规定，向你公告送达起诉状副本、
武汉仲裁委员会公告
本院受理原告诉被告合同纠纷一案，因被告下落不明，依照《中华人民共和国民事诉讼法》之规定，向你公告送达起诉状副本、应诉通知书、举证通知书及开庭传票。自公告之日起经过三十日即视为送达。提出答辩状和举证的期限分别为公告期满后十五日内，并定于举证期满后第三日上午九时在本院第一法庭公开开庭审理，逾期将依法缺席判决。本院受理原告诉被告合同纠纷一案，因被告下落不明，依照《中华人民共和国民事诉讼法》之规定，向你公告送达起诉状副本、应诉通知书、举证通知书及开庭传票。
遗失声明
本院受理原告诉被告合同纠纷一案，因被告下落不明，依照《中华人民共和国民事诉讼法》之规定，向你公告送达起诉状副本、应诉通知书、举证通知书及开庭传票。自公告之日起经过三十日即视为送达。提出答辩状和举证的期限分别为公告期满后十五日内，并定于举证期满后第三日上午九时在本院第一法庭公开开庭审理，逾期将依法缺席判决。本院受理原告诉被告合同纠纷一案，因被告下落不明，依照《中华人民共和国民事诉讼法》之规定，向你公告送达起诉状副本、应诉通知书、举证通知书及开庭传票。自公告之日起经过三十日即视为送达。
北京市人民法院
本院受理原告诉被告合同纠纷一案，因被告下落不明，依照《中华人民共和国民事诉讼法》之规定，向你公告送达起诉状副本、应诉通知书、举证通知书及开庭传票。自公告之日起经过三十日即视为送达。提出答辩状和举证的期限分别为公告期满后十五日内，并定于举证期满后第三日上午九时在本院第一法庭公开开庭审理，逾期将依法缺席判决。本院受理原告诉被告合同纠纷一案，因被告下落不明，依照《中华人民共和国民事诉讼法》之规定，向你公告送达起诉状副本、应诉通知书、举证通知书及开庭传票。自公告之日起经过三十日即视为送达。提出答辩状和举证的期限分别为公告期
深圳市人民法院
本院受理原告诉被告合同纠纷一案，因被告下落不明，依照《中华人民共和国民事诉讼法》之规定，向你公告送达起诉状副本、应诉通知书、举证通知书及开庭传票。自公告之日起经过三十日即视为送达。提出答辩状和举证的期限分别为公告期满后十五日内，并定于举证期满后第三日上午九时在本院第一法庭公开开庭审理，逾期将依法缺席判决。本院受理原告诉被告合同纠纷一案，因被告下落不明，依照《中华人民共和国民事诉讼法》之规定，向你公告送达起诉状副本、应诉通知书、举证通知书及开庭传票。自公告之日起经过三十日即视为送达。提出答辩状和举证的期限分别为公告期满后十五日内，并定于举证期满后第三
广东省人民法院
本院受理原告诉被告合同纠纷一案，因被告下落不明，依照《中华人民共和国民事诉讼法》之规定，向你公告送达起诉状副本、应诉通知书、举证通知书及开庭传票。自公告之日起经过三十日即视为送达。提出答辩状和举证的期限分别为公告期满后十五日内，并定于举证期满后第三日上午九时在本院第一法庭公开开庭审理，逾期将依法缺席判决。本院受理原告诉被告合同纠纷一案，因被告下落不明，依照《中华人民共和国民事诉讼法》之规定，向你公告送达起诉状副本、应诉通知书、举证通知书及开庭传票。自公告之日起经过三十日即视为送达。提出答辩状和举证的期限分别为公告期满后十五日内，并定于举证期满后第三日上午九时在本院第一法庭公开开庭审
昆山市人民法院
本院受理原告诉被告合同纠纷一案，因被告下落不明，依照《中华人民共和国民事诉讼法》之规定，向你公告送达起诉状副本、应诉通知书、举证通知书及开庭传票。自公告之日起经过三十日即视为送达。提出答辩状和举证的期限分别为公告期满后十五日内，并定于举证期满后第三日上午九时在本院第一法庭公开开庭审理，逾期将依法缺席判决。本院受理原
西安市人民法院
本院受理原告诉被告合同纠纷一案，因被告下落不明，依照《中华人民共和国民事诉讼法》之规定，向你公告送达起诉状副本、应诉通知书、举证通知书及开庭传票。自公告之日起经过三十日即视为送达。提出答辩状和举证的期限分别为公告期满后十五日内，并定于举证期满后第三日上午九时在本院第一法庭公开开庭审理，逾期将依法缺席判决。本院受理原告诉被告合同纠纷一案，因被告下落不
河北省人民法院
本院受理原告诉被告合同纠纷一案，因被告下落不明，依照《中华人民共和国民事诉讼法》之规定，向你公告送达起诉状副本、应诉通知书、举证通知书及开庭传票。自公告之日起经过三十日即视为送达。提出答辩状和举证的期限分别为公告期满后十五日内，并定于举证期满后第三日上午九时在本院第一法庭公开开庭审理，逾期将依法缺席判决。本院受理原告诉被告合同纠纷一案，因被告下落不明，依照《中华人民共和国民事诉讼法
江苏省人民法院
本院受理原告诉被告合同纠纷一案，因被告下落不明，依照《中华人民共和国民事诉讼法》之规定，向你公告送达起诉状副本、应诉通知书、举证通知书及开庭传票。自公告之日起经过三十日即视为送达。提出答辩状和举证的期限分别为公告期满后十五日内，并定于举证期满后第三日上午九时在本院第一法庭公开开庭审理，逾期将依法缺席判决。本院受理原告诉被告合同纠纷一案，因被告下落不明，依照《中华人民共和国民事诉讼法》之规定，向你公告送达起诉状副本、
湖南省人民法院
本院受理原告诉被告合同纠纷一案，因被告下落不明，依照《中华人民共和国民事诉讼法》之规定，向你公告送达起诉状副本、应诉通知书、举证通知书及开庭传票。自公告之日起经过三十日即视为送达。提出答辩状和举证的期限分别为公告期满后十五日内，并定于举证期满后第三日上午九时在本院第一法庭公开开庭审理，逾期将依法缺席判决。本院受理原告诉被告合同纠纷一案，因被告下落不明，依照《中华人民共和国民事诉讼法》之规定，向你公告送达起诉状副本、应诉通知书、举证通知书及开庭传票。
云南省中级人民法院
本院受理原告诉被告合同纠纷一案，因被告下落不明，依照《中华人民共和国民事诉讼法》之规定，向你公告送达起诉状副本、应诉通知书、举证通知书及开庭传票。自公告之日起经过三十日即视为送达。提出答辩状和举证的期限分别为公告期满后十五日内，并定于举证期满后第三日上午九时在本院第一法庭公开开庭审理，逾期将依法缺席判决。本院受理原告诉被告合同纠纷一案，因被告下落不明，依照《中华人民共和国民事诉讼法》之规定，向你公告送达起诉状副本、应诉通知书、举证通知书及开庭传票。自公告之日起经过三十日即视为送达。
陕西省西安市中级人民法院
本院受理原告诉被告合同纠纷一案，因被告下落不明，依照《中华人民共和国民事诉讼法》之规定，向你公告送达起诉状副本、应诉通知书、举证通知书及开庭传票。自公告之日起经过三十日即视为送达。提出答辩状和举证的期限分别为公告期满后十五日内，并定于举证期满后第三日上午九时在本院第一法庭公开开庭审理，逾期将依法缺席判决。本院受理原告诉被告合同纠纷一案，因被告下落不明，依照《中华人民共和国民事诉讼法》之规定，向你公告送达起诉状副本、应诉通知书、举证通知书及开庭传票。自公告之日起经过三十日即视为送达。提出答辩状和举证的期限分别为公告期
武汉仲裁委员会公告
本院受理原告诉被告合同纠纷一案，因被告下落不明，依照《中华人民共和国民事诉讼法》之规定，向你公告送达起诉状副本、应诉通知书、举证通知书及开庭传票。自公告之日起经过三十日即视为送达。提出答辩状和举证的期限分别为公告期满后十五日内，并定于举证期满后第三日上午九时在本院第一法庭公开开庭审理，逾期将依法缺席判决。本院受理原告诉被告合同纠纷一案，因被告下落不明，依照《中华人民共和国民事诉讼法》之规定，向你公告送达起诉状副本、应诉通知书、举证通知书及开庭传票。自公告之日起经过三十日即视为送达。提出答辩状和举证的期限分别为公告期满后十五日内，并定于举证期满后第三
遗失声明
本院受理原告诉被告合同纠纷一案，因被告下落不明，依照《中华人民共和国民事诉讼法》之规定，向你公告送达起诉状副本、应诉通知书、举证通知书及开庭传票。自公告之日起经过三十日即视为送达。提出答辩状和举证的期限分别为公告期满后十五日内，并定于举证期满后第三日上午九时在本院第一法庭公开开庭审理，逾期将依法缺席判决。本院受理原告诉被告合同纠纷一案，因被告下落不明，依照《中华人民共和国民事诉讼法》之规定，向你公告送达起诉状副本、应诉通知书、举证通知书及开庭传票。自公告之日起经过三十日即视为送达。提出答辩状和举证的期限分别为公告期满后十五日内，并定于举证期满后第三日上午九时在本院第一法庭公开开庭审
北京市人民法院
本院受理原告诉被告合同纠纷一案，因被告下落不明，依照《中华人民共和国民事诉讼法》之规定，向你公告送达起诉状副本、应诉通知书、举证通知书及开庭传票。自公告之日起经过三十日即视为送达。提出答辩状和举证的期限分别为公告期满后十五日内，并定于举证期满后第三日上午九时在本院第一法庭公开开庭审理，逾期将依法缺席判决。本院受理原
深圳市人民法院
本院受理原告诉被告合同纠纷一案，因被告下落不明，依照《中华人民共和国民事诉讼法》之规定，向你公告送达起诉状副本、应诉通知书、举证通知书及开庭传票。自公告之日起经过三十日即视为送达。提出答辩状和举证的期限分别为公告期满后十五日内，并定于举证期满后第三日上午九时在本院第一法庭公开开庭审理，逾期将依法缺席判决。本院受理原告诉被告合同纠纷一案，因被告下落不
广东省人民法院
本院受理原告诉被告合同纠纷一案，因被告下落不明，依照《中华人民共和国民事诉讼法》之规定，向你公告送达起诉状副本、应诉通知书、举证通知书及开庭传票。自公告之日起经过三十日即视为送达。提出答辩状和举证的期限分别为公告期满后十五日内，并定于举证期满后第三日上午九时在本院第一法庭公开开庭审理，逾期将依法缺席判决。本院受理原告诉被告合同纠纷一案，因被告下落不明，依照《中华人民共和国民事诉讼法
昆山市人民法院
本院受理原告诉被告合同纠纷一案，因被告下落不明，依照《中华人民共和国民事诉讼法》之规定，向你公告送达起诉状副本、应诉通知书、举证通知书及开庭传票。自公告之日起经过三十日即视为送达。提出答辩状和举证的期限分别为公告期满后十五日内，并定于举证期满后第三日上午九时在本院第一法庭公开开庭审理，逾期将依法缺席判决。本院受理原告诉被告合同纠纷一案，因被告下落不明，依照《中华人民共和国民事诉讼法》之规定，向你公告送达起诉状副本、
公告专栏
深圳市人民法院
本院受理原告诉被告合同纠纷一案，因被告下落不明，依照《中华人民共和国民事诉讼法》之规定，向你公告送达起诉状副本、应诉通知书、举证通知书及开庭传票。自公告之日起经过三十日即视为送达。提出答辩状和举证的期限分别为公告期满后十五日内，并定于举证期满后第三日上午九时在本院第一法庭公开开庭审理，逾期将依法缺席判决。本院受理原告诉被告合同纠纷一案，因被告下落不明，依照《中华人民共和
广东省人民法院
本院受理原告诉被告合同纠纷一案，因被告下落不明，依照《中华人民共和国民事诉讼法》之规定，向你公告送达起诉状副本、应诉通知书、举证通知书及开庭传票。自公告之日起经过三十日即视为送达。提出答辩状和举证的期限分别为公告期满后十五日内，并定于举证期满后第三日上午九时在本院第一法庭公开开庭审理，逾期将依法缺席判决。本院受理原告诉被告合同纠纷一案，因被告下落不明，依照《中华人民共和国民事诉讼法》之规定，向你公告送达
昆山市人民法院
本院受理原告诉被告合同纠纷一案，因被告下落不明，依照《中华人民共和国民事诉讼法》之规定，向你公告送达起诉状副本、应诉通知书、举证通知书及开庭传票。自公告之日起经过三十日即视为送达。提出答辩状和举证的期限分别为公告期满后十五日内，并定于举证期满后第三日上午九时在本院第一法庭公开开庭审理，逾期将依法缺席判决。本院受理原告诉被告合同纠纷一案，因被告下落不明，依照《中华人民共和国民事诉讼法》之规定，向你公告送达起诉状副本、应诉通知书、举证通知书
西安市人民法院
本院受理原告诉被告合同纠纷一案，因被告下落不明，依照《中华人民共和国民事诉讼法》之规定，向你公告送达起诉状副本、应诉通知书、举证通知书及开庭传票。自公告之日起经过三十日即视为送达。提出答辩状和举证的期限分别为公告期满后十五日内，并定于举证期满后第三日上午九时在本院第一法庭公开开庭审理，逾期将依法缺席判决。本院受理原告诉被告合同纠纷一案，因被告下落不明，依照《中华人民共和国民事诉讼法》之规定，向你公告送达起诉状副本、应诉通知书、举证通知书及开庭传票。自公告之日起经过三十日
河北省人民法院
本院受理原告诉被告合同纠纷一案，因被告下落不明，依照《中华人民共和国民事诉讼法》之规定，向你公告送达起诉状副本、应诉通知书、举证通知书及开庭传票。自公告之日起经过三十日即视为送达。提出答辩状和举证的期限分别为公告期满后十五日内，并定于举证期满后第三日上午九时在本院第一法庭公开开庭审理，逾期将依法缺席判决。本院受理原告诉被告合同纠纷一案，因被告下落不明，依照《中华人民共和国民事诉讼法》之规定，向你公告送达起诉状副本、应诉通知书、举证通知书及开庭传票。自公告之日起经过三十日即视为送达。提出答辩状和举证的期限
江苏省人民法院
本院受理原告诉被告合同纠纷一案，因被告下落不明，依照《中华人民共和国民事诉讼法》之规定，向你公告送达起诉状副本、应诉通知书、举证通知书及开庭传票。自公告之日起经过三十日即视为送达。提出答辩状和举证的期限分别为公告期满后十五日内，并定于举证期满后第三日上午九时在本院第一法庭公开开庭审理，逾期将依法缺席判决。本院受理原告诉被告合同纠纷一案，因被告下落不明，依照《中华人民共和国民事诉讼法》之规定，向你公告送达起诉状副本、应诉通知书、举证通知书及开庭传票。自公告之日起经过三十日即视为送达。提出答辩状和举证的期限分别为公告期满后十五日内，并定于举
湖南省人民法院
本院受理原告诉被告合同纠纷一案，因被告下落不明，依照《中华人民共和国民事诉讼法》之规定，向你公告送达起诉状副本、应诉通知书、举证通知书及开庭传票。自公告之日起经过三十日即视为送达。提出答辩状和举证的期限分别为公告期满后十五日内，并定于举证期满后第三日上午九时在本院第一法庭公开开庭审理，逾期将依法缺席判决。本院受理原告诉被告合同纠纷一案，因被告下落不明，依照《中华人民共和国民事诉讼法》之规定，向你公告送达起诉状副本、应诉通知书、举证通知书及开庭传票。自公告之日起经过三十日即视为送达。提出答辩状和举证的期限分别为公告期满后十五日内，并定于举证期满后第三日上午九时在本院第一法
云南省中级人民法院
本院受理原告诉被告合同纠纷一案，因被告下落不明，依照《中华人民共和国民事诉讼法》之规定，向你公告送达起诉状副本、应诉通知书、举证通知书及开庭传票。自公告之日起经过三十日即视为送达。提出答辩状和举证的期限分别为公告期满后十五日内，并定于举证期满后第三日上午九时在本院第一法庭公开开庭审理，逾期将依法缺席判决。本院受理原告诉被告合同纠纷一案，因被告下落不明，依照《中华人民共和国民事诉讼法》之规定，向你公告送达起诉状副本、应诉通知书、举证通知书及开庭传票。自公告之日起经过三十日即视为送达。提出答辩状和举证的期限分别为公告期满后十五日内，并定于举证期满后第三日上午九时在本院第一法庭公开开庭审理，逾期将依法缺席判决
陕西省西安市中级人民法院
本院受理原告诉被告合同纠纷一案，因被告下落不明，依照《中华人民共和国民事诉讼法》之规定，向你公告送达起诉状副本、应诉通知书、举证通知书及开庭传票。自公告之日起经过三十日即视为送达。提出答辩状和举证的期限分别为公告期满后十五日内，并定于举证期满后第三日上午九时在本院第一法庭公开开庭审理，逾期将依法缺席判决。本院受理原告诉被告合同纠纷一案，
武汉仲裁委员会公告
本院受理原告诉被告合同纠纷一案，因被告下落不明，依照《中华人民共和国民事诉讼法》之规定，向你公告送达起诉状副本、应诉通知书、举证通知书及开庭传票。自公告之日起经过三十日即视为送达。提出答辩状和举证的期限分别为公告期满后十五日内，并定于举证期满后第三日上午九时在本院第一法庭公开开庭审理，逾期将依法缺席判决。本院受理原告诉被告合同纠纷一案，因被告下落不明，依照《中华人民共和
遗失声明
本院受理原告诉被告合同纠纷一案，因被告下落不明，依照《中华人民共和国民事诉讼法》之规定，向你公告送达起诉状副本、应诉通知书、举证通知书及开庭传票。自公告之日起经过三十日即视为送达。提出答辩状和举证的期限分别为公告期满后十五日内，并定于举证期满后第三日上午九时在本院第一法庭公开开庭审理，逾期将依法缺席判决。本院受理原告诉被告合同纠纷一案，因被告下落不明，依照《中华人民共和国民事诉讼法》之规定，向你公告送达
北京市人民法院
本院受理原告诉被告合同纠纷一案，因被告下落不明，依照《中华人民共和国民事诉讼法》之规定，向你公告送达起诉状副本、应诉通知书、举证通知书及开庭传票。自公告之日起经过三十日即视为送达。提出答辩状和举证的期限分别为公告期满后十五日内，并定于举证期满后第三日上午九时在本院第一法庭公开开庭审理，逾期将依法缺席判决。本院受理原告诉被告合同纠纷一案，因被告下落不明，依照《中华人民共和国民事诉讼法》之规定，向你公告送达起诉状副本、应诉通知书、举证通知书
深圳市人民法院
本院受理原告诉被告合同纠纷一案，因被告下落不明，依照《中华人民共和国民事诉讼法》之规定，向你公告送达起诉状副本、应诉通知书、举证通知书及开庭传票。自公告之日起经过三十日即视为送达。提出答辩状和举证的期限分别为公告期满后十五日内，并定于举证期满后第三日上午九时在本院第一法庭公开开庭审理，逾期将依法缺席判决。本院受理原告诉被告合同纠纷一案，因被告下落不明，依照《中华人民共和国民事诉讼法》之规定，向你公告送达起诉状副本、应诉通知书、举证通知书及开庭传票。自公告之日起经过三十日
广东省人民法院
本院受理原告诉被告合同纠纷一案，因被告下落不明，依照《中华人民共和国民事诉讼法》之规定，向你公告送达起诉状副本、应诉通知书、举证通知书及开庭传票。自公告之日起经过三十日即视为送达。提出答辩状和举证的期限分别为公告期满后十五日内，并定于举证期满后第三日上午九时在本院第一法庭公开开庭审理，逾期将依法缺席判决。本院受理原告诉被告合同纠纷一案，因被告下落不明，依照《中华人民共和国民事诉讼法》之规定，向你公告送达起诉状副本、应诉通知书、举证通知书及开庭传票。自公告之日起经过三十日即视为送达。提出答辩状和举证的期限
昆山市人民法院
本院受理原告诉被告合同纠纷一案，因被告下落不明，依照《中华人民共和国民事诉讼法》之规定，向你公告送达起诉状副本、应诉通知书、举证通知书及开庭传票。自公告之日起经过三十日即视为送达。提出答辩状和举证的期限分别为公告期满后十五日内，并定于举证期满后第三日上午九时在本院第一法庭公开开庭审理，逾期将依法缺席判决。本院受理原告诉被告合同纠纷一案，因被告下落不明，依照《中华人民共和国民事诉讼法》之规定，向你公告送达起诉状副本、应诉通知书、举证通知书及开庭传票。自公告之日起经过三十日即视为送达。提出答辩状和举证的期限分别为公告期满后十五日内，并定于举
西安市人民法院
本院受理原告诉被告合同纠纷一案，因被告下落不明，依照《中华人民共和国民事诉讼法》之规定，向你公告送达起诉状副本、应诉通知书、举证通知书及开庭传票。自公告之日起经过三十日即视为送达。提出答辩状和举证的期限分别为公告期满后十五日内，并定于举证期满后第三日上午九时在本院第一法庭公开开庭审理，逾期将依法缺席判决。本院受理原告诉被告合同纠纷一案，因被告下落不明，依照《中华人民共和国民事诉讼法》之规定，向你公告送达起诉状副本、应诉通知书、举证通知书及开庭传票。自公告之日起经过三十日即视为送达。提出答辩状和举证的期限分别为公告期满后十五日内，并定于举证期满后第三日上午九时在本院第一法
河北省人民法院
本院受理原告诉被告合同纠纷一案，因被告下落不明，依照《中华人民共和国民事诉讼法》之规定，向你公告送达起诉状副本、应诉通知书、举证通知书及开庭传票。自公告之日起经过三十日即视为送达。提出答辩状和举证的期限分别为公告期满后十五日内，并定于举证期满后第三日上午九时在本院第一法庭公开开庭审理，逾期将依法缺席判决。本院受理原告诉被告合同纠纷一案，因被告下落不明，依照《中华人民共和国民事诉讼法》之规定，向你公告送达起诉状副本、应诉通知书、举证通知书及开庭传票。自公告之日起经过三十日即视为送达。提出答辩状和举证的期限分别为公告期满后十五日内，并定于举证期满后第三日上午九时在本院第一法庭公开开庭审理，逾期将依法缺席判决
江苏省人民法院
本院受理原告诉被告合同纠纷一案，因被告下落不明，依照《中华人民共和国民事诉讼法》之规定，向你公告送达起诉状副本、应诉通知书、举证通知书及开庭传票。自公告之日起经过三十日即视为送达。提出答辩状和举证的期限分别为公告期满后十五日内，并定于举证期满后第三日上午九时在本院第一法庭公开开庭审理，逾期将依法缺席判决。本院受理原告诉被告合同纠纷一案，
湖南省人民法院
本院受理原告诉被告合同纠纷一案，因被告下落不明，依照《中华人民共和国民事诉讼法》之规定，向你公告送达起诉状副本、应诉通知书、举证通知书及开庭传票。自公告之日起经过三十日即视为送达。提出答辩状和举证的期限分别为公告期满后十五日内，并定于举证期满后第三日上午九时在本院第一法庭公开开庭审理，逾期将依法缺席判决。本院受理原告诉被告合同纠纷一案，因被告下落不明，依照《中华人民共和
云南省中级人民法院
本院受理原告诉被告合同纠纷一案，因被告下落不明，依照《中华人民共和国民事诉讼法》之规定，向你公告送达起诉状副本、应诉通知书、举证通知书及开庭传票。自公告之日起经过三十日即视为送达。提出答辩状和举证的期限分别为公告期满后十五日内，并定于举证期满后第三日上午九时在本院第一法庭公开开庭审理，逾期将依法缺席判决。本院受理原告诉被告合同纠纷一案，因被告下落不明，依照《中华人民共和国民事诉讼法》之规定，向你公告送达
陕西省西安市中级人民法院
本院受理原告诉被告合同纠纷一案，因被告下落不明，依照《中华人民共和国民事诉讼法》之规定，向你公告送达起诉状副本、应诉通知书、举证通知书及开庭传票。自公告之日起经过三十日即视为送达。提出答辩状和举证的期限分别为公告期满后十五日内，并定于举证期满后第三日上午九时在本院第一法庭公开开庭审理，逾期将依法缺席判决。本院受理原告诉被告合同纠纷一案，因被告下落不明，依照《中华人民共和国民事诉讼法》之规定，向你公告送达起诉状副本、应诉通知书、举证通知书
武汉仲裁委员会公告
本院受理原告诉被告合同纠纷一案，因被告下落不明，依照《中华人民共和国民事诉讼法》之规定，向你公告送达起诉状副本、应诉通知书、举证通知书及开庭传票。自公告之日起经过三十日即视为送达。提出答辩状和举证的期限分别为公告期满后十五日内，并定于举证期满后第三日上午九时在本院第一法庭公开开庭审理，逾期将依法缺席判决。本院受理原告诉被告合同纠纷一案，因被告下落不明，依照《中华人民共和国民事诉讼法》之规定，向你公告送达起诉状副本、应诉通知书、举证通知书及开庭传票。自公告之日起经过三十日
遗失声明
本院受理原告诉被告合同纠纷一案，因被告下落不明，依照《中华人民共和国民事诉讼法》之规定，向你公告送达起诉状副本、应诉通知书、举证通知书及开庭传票。自公告之日起经过三十日即视为送达。提出答辩状和举证的期限分别为公告期满后十五日内，并定于举证期满后第三日上午九时在本院第一法庭公开开庭审理，逾期将依法缺席判决。本院受理原告诉被告合同纠纷一案，因被告下落不明，依照《中华人民共和国民事诉讼法》之规定，向你公告送达起诉状副本、应诉通知书、举证通知书及开庭传票。自公告之日起经过三十日即视为送达。提出答辩状和举证的期限
北京市人民法院
本院受理原告诉被告合同纠纷一案，因被告下落不明，依照《中华人民共和国民事诉讼法》之规定，向你公告送达起诉状副本、应诉通知书、举证通知书及开庭传票。自公告之日起经过三十日即视为送达。提出答辩状和举证的期限分别为公告期满后十五日内，并定于举证期满后第三日上午九时在本院第一法庭公开开庭审理，逾期将依法缺席判决。本院受理原告诉被告合同纠纷一案，因被告下落不明，依照《中华人民共和国民事诉讼法》之规定，向你公告送达起诉状副本、应诉通知书、举证通知书及开庭传票。自公告之日起经过三十日即视为送达。提出答辩状和举证的期限分别为公告期满后十五日内，并定于举
深圳市人民法院
本院受理原告诉被告合同纠纷一案，因被告下落不明，依照《中华人民共和国民事诉讼法》之规定，向你公告送达起诉状副本、应诉通知书、举证通知书及开庭传票。自公告之日起经过三十日即视为送达。提出答辩状和举证的期限分别为公告期满后十五日内，并定于举证期满后第三日上午九时在本院第一法庭公开开庭审理，逾期将依法缺席判决。本院受理原告诉被告合同纠纷一案，因被告下落不明，依照《中华人民共和国民事诉讼法》之规定，向你公告送达起诉状副本、应诉通知书、举证通知书及开庭传票。自公告之日起经过三十日即视为送达。提出答辩状和举证的期限分别为公告期满后十五日内，并定于举证期满后第三日上午九时在本院第一法
广东省人民法院
本院受理原告诉被告合同纠纷一案，因被告下落不明，依照《中华人民共和国民事诉讼法》之规定，向你公告送达起诉状副本、应诉通知书、举证通知书及开庭传票。自公告之日起经过三十日即视为送达。提出答辩状和举证的期限分别为公告期满后十五日内，并定于举证期满后第三日上午九时在本院第一法庭公开开庭审理，逾期将依法缺席判决。本院受理原告诉被告合同纠纷一案，因被告下落不明，依照《中华人民共和国民事诉讼法》之规定，向你公告送达起诉状副本、应诉通知书、举证通知书及开庭传票。自公告之日起经过三十日即视为送达。提出答辩状和举证的期限分别为公告期满后十五日内，并定于举证期满后第三日上午九时在本院第一法庭公开开庭审理，逾期将依法缺席判决
昆山市人民法院
本院受理原告诉被告合同纠纷一案，因被告下落不明，依照《中华人民共和国民事诉讼法》之规定，向你公告送达起诉状副本、应诉通知书、举证通知书及开庭传票。自公告之日起经过三十日即视为送达。提出答辩状和举证的期限分别为公告期满后十五日内，并定于举证期满后第三日上午九时在本院第一法庭公开开庭审理，逾期将依法缺席判决。本院受理原告诉被告合同纠纷一案，
西安市人民法院
本院受理原告诉被告合同纠纷一案，因被告下落不明，依照《中华人民共和国民事诉讼法》之规定，向你公告送达起诉状副本、应诉通知书、举证通知书及开庭传票。自公告之日起经过三十日即视为送达。提出答辩状和举证的期限分别为公告期满后十五日内，并定于举证期满后第三日上午九时在本院第一法庭公开开庭审理，逾期将依法缺席判决。本院受理原告诉被告合同纠纷一案，因被告下落不明，依照《中华人民共和
河北省人民法院
本院受理原告诉被告合同纠纷一案，因被告下落不明，依照《中华人民共和国民事诉讼法》之规定，向你公告送达起诉状副本、应诉通知书、举证通知书及开庭传票。自公告之日起经过三十日即视为送达。提出答辩状和举证的期限分别为公告期满后十五日内，并定于举证期满后第三日上午九时在本院第一法庭公开开庭审理，逾期将依法缺席判决。本院受理原告诉被告合同纠纷一案，因被告下落不明，依照《中华人民共和国民事诉讼法》之规定，向你公告送达
江苏省人民法院
本院受理原告诉被告合同纠纷一案，因被告下落不明，依照《中华人民共和国民事诉讼法》之规定，向你公告送达起诉状副本、应诉通知书、举证通知书及开庭传票。自公告之日起经过三十日即视为送达。提出答辩状和举证的期限分别为公告期满后十五日内，并定于举证期满后第三日上午九时在本院第一法庭公开开庭审理，逾期将依法缺席判决。本院受理原告诉被告合同纠纷一案，因被告下落不明，依照《中华人民共和国民事诉讼法》之规定，向你公告送达起诉状副本、应诉通知书、举证通知书
公告专栏
西安市人民法院
本院受理原告诉被告合同纠纷一案，因被告下落不明，依照《中华人民共和国民事诉讼法》之规定，向你公告送达起诉状副本、应诉通知书、举证通知书及开庭传票。自公告之日起经过三十日即视为送达。提出答辩状和举证的期限分别为公告期满后十五日内，并定于举证期满后第三日上午九时在本院第一法庭公开开庭审理，逾期将依法缺席判决。本院受理原告诉被告合同纠纷一案，因被告下落不明，依照《中华人民共和国民事诉讼法》之规定，
河北省人民法院
本院受理原告诉被告合同纠纷一案，因被告下落不明，依照《中华人民共和国民事诉讼法》之规定，向你公告送达起诉状副本、应诉通知书、举证通知书及开庭传票。自公告之日起经过三十日即视为送达。提出答辩状和举证的期限分别为公告期满后十五日内，并定于举证期满后第三日上午九时在本院第一法庭公开开庭审理，逾期将依法缺席判决。本院受理原告诉被告合同纠纷一案，因被告下落不明，依照《中华人民共和国民事诉讼法》之规定，向你公告送达起诉状副本、应诉通知书
江苏省人民法院
本院受理原告诉被告合同纠纷一案，因被告下落不明，依照《中华人民共和国民事诉讼法》之规定，向你公告送达起诉状副本、应诉通知书、举证通知书及开庭传票。自公告之日起经过三十日即视为送达。提出答辩状和举证的期限分别为公告期满后十五日内，并定于举证期满后第三日上午九时在本院第一法庭公开开庭审理，逾期将依法缺席判决。本院受理原告诉被告合同纠纷一案，因被告下落不明，依照《中华人民共和国民事诉讼法》之规定，向你公告送达起诉状副本、应诉通知书、举证通知书及开庭传票。自公告之日
湖南省人民法院
本院受理原告诉被告合同纠纷一案，因被告下落不明，依照《中华人民共和国民事诉讼法》之规定，向你公告送达起诉状副本、应诉通知书、举证通知书及开庭传票。自公告之日起经过三十日即视为送达。提出答辩状和举证的期限分别为公告期满后十五日内，并定于举证期满后第三日上午九时在本院第一法庭公开开庭审理，逾期将依法缺席判决。本院受理原告诉被告合同纠纷一案，因被告下落不明，依照《中华人民共和国民事诉讼法》之规定，向你公告送达起诉状副本、应诉通知书、举证通知书及开庭传票。自公告之日起经过三十日即视为送达。提出答辩状
云南省中级人民法院
本院受理原告诉被告合同纠纷一案，因被告下落不明，依照《中华人民共和国民事诉讼法》之规定，向你公告送达起诉状副本、应诉通知书、举证通知书及开庭传票。自公告之日起经过三十日即视为送达。提出答辩状和举证的期限分别为公告期满后十五日内，并定于举证期满后第三日上午九时在本院第一法庭公开开庭审理，逾期将依法缺席判决。本院受理原告诉被告合同纠纷一案，因被告下落不明，依照《中华人民共和国民事诉讼法》之规定，向你公告送达起诉状副本、应诉通知书、举证通知书及开庭传票。自公告之日起经过三十日即视为送达。提出答辩状和举证的期限分别为公告期满后十五日
陕西省西安市中级人民法院
本院受理原告诉被告合同纠纷一案，因被告下落不明，依照《中华人民共和国民事诉讼法》之规定，向你公告送达起诉状副本、应诉通知书、举证通知书及开庭传票。自公告之日起经过三十日即视为送达。提出答辩状和举证的期限分别为公告期满后十五日内，并定于举证期满后第三日上午九时在本院第一法庭公开开庭审理，逾期将依法缺席判决。本院受理原告诉被告合同纠纷一案，因被告下落不明，依照《中华人民共和国民事诉讼法》之规定，向你公告送达起诉状副本、应诉通知书、举证通知书及开庭传票。自公告之日起经过三十日即视为送达。提出答辩状和举证的期限分别为公告期满后十五日内，并定于举证期满后第三日上午九时
武汉仲裁委员会公告
本院受理原告诉被告合同纠纷一案，因被告下落不明，依照《中华人民共和国民事诉讼法》之规定，向你公告送达起诉状副本、应诉通知书、举证通知书及开庭传票。自公告之日起经过三十日即视为送达。提出答辩状和举证的期限分别为公告期满后十五日内，并定于举证期满后第三日上午九时在本院第一法庭公开开庭审理，逾期将依法缺席判决。本院受理原告诉被告合同纠纷一案，因被告下落不明，依照《中华人民共和国民事诉讼法》之规定，向你公告送达起诉状副本、应诉通知书、举证通知书及开庭传票。自公告之日起经过三十日即视为送达。提出答辩状和举证的期限分别为公告期满后十五日内，并定于举证期满后第三日上午九时在本院第一法庭公开开庭审理，逾期将
遗失声明
本院受理原告诉被告合同纠纷一案，因被告下落不明，依照《中华人民共和国民事诉讼法》之规定，向你公告送达起诉状副本、应诉通知书、举证通知书及开庭传票。自公告之日起经过三十日即视为送达。提出答辩状和举证的期限分别为公告期满后十五日内，并定于举证期满后第三日上午九时在本院第一法庭公开开庭审理，逾期将依法缺席判决。本院受理原告诉被告合
北京市人民法院
本院受理原告诉被告合同纠纷一案，因被告下落不明，依照《中华人民共和国民事诉讼法》之规定，向你公告送达起诉状副本、应诉通知书、举证通知书及开庭传票。自公告之日起经过三十日即视为送达。提出答辩状和举证的期限分别为公告期满后十五日内，并定于举证期满后第三日上午九时在本院第一法庭公开开庭审理，逾期将依法缺席判决。本院受理原告诉被告合同纠纷一案，因被告下落不明，依照《
深圳市人民法院
本院受理原告诉被告合同纠纷一案，因被告下落不明，依照《中华人民共和国民事诉讼法》之规定，向你公告送达起诉状副本、应诉通知书、举证通知书及开庭传票。自公告之日起经过三十日即视为送达。提出答辩状和举证的期限分别为公告期满后十五日内，并定于举证期满后第三日上午九时在本院第一法庭公开开庭审理，逾期将依法缺席判决。本院受理原告诉被告合同纠纷一案，因被告下落不明，依照《中华人民共和国民事诉讼法》之规定，
广东省人民法院
本院受理原告诉被告合同纠纷一案，因被告下落不明，依照《中华人民共和国民事诉讼法》之规定，向你公告送达起诉状副本、应诉通知书、举证通知书及开庭传票。自公告之日起经过三十日即视为送达。提出答辩状和举证的期限分别为公告期满后十五日内，并定于举证期满后第三日上午九时在本院第一法庭公开开庭审理，逾期将依法缺席判决。本院受理原告诉被告合同纠纷一案，因被告下落不明，依照《中华人民共和国民事诉讼法》之规定，向你公告送达起诉状副本、应诉通知书
昆山市人民法院
本院受理原告诉被告合同纠纷一案，因被告下落不明，依照《中华人民共和国民事诉讼法》之规定，向你公告送达起诉状副本、应诉通知书、举证通知书及开庭传票。自公告之日起经过三十日即视为送达。提出答辩状和举证的期限分别为公告期满后十五日内，并定于举证期满后第三日上午九时在本院第一法庭公开开庭审理，逾期将依法缺席判决。本院受理原告诉被告合同纠纷一案，因被告下落不明，依照《中华人民共和国民事诉讼法》之规定，向你公告送达起诉状副本、应诉通知书、举证通知书及开庭传票。自公告之日
西安市人民法院
本院受理原告诉被告合同纠纷一案，因被告下落不明，依照《中华人民共和国民事诉讼法》之规定，向你公告送达起诉状副本、应诉通知书、举证通知书及开庭传票。自公告之日起经过三十日即视为送达。提出答辩状和举证的期限分别为公告期满后十五日内，并定于举证期满后第三日上午九时在本院第一法庭公开开庭审理，逾期将依法缺席判决。本院受理原告诉被告合同纠纷一案，因被告下落不明，依照《中华人民共和国民事诉讼法》之规定，向你公告送达起诉状副本、应诉通知书、举证通知书及开庭传票。自公告之日起经过三十日即视为送达。提出答辩状
河北省人民法院
本院受理原告诉被告合同纠纷一案，因被告下落不明，依照《中华人民共和国民事诉讼法》之规定，向你公告送达起诉状副本、应诉通知书、举证通知书及开庭传票。自公告之日起经过三十日即视为送达。提出答辩状和举证的期限分别为公告期满后十五日内，并定于举证期满后第三日上午九时在本院第一法庭公开开庭审理，逾期将依法缺席判决。本院受理原告诉被告合同纠纷一案，因被告下落不明，依照《中华人民共和国民事诉讼法》之规定，向你公告送达起诉状副本、应诉通知书、举证通知书及开庭传票。自公告之日起经过三十日即视为送达。提出答辩状和举证的期限分别为公告期满后十五日
江苏省人民法院
本院受理原告诉被告合同纠纷一案，因被告下落不明，依照《中华人民共和国民事诉讼法》之规定，向你公告送达起诉状副本、应诉通知书、举证通知书及开庭传票。自公告之日起经过三十日即视为送达。提出答辩状和举证的期限分别为公告期满后十五日内，并定于举证期满后第三日上午九时在本院第一法庭公开开庭审理，逾期将依法缺席判决。本院受理原告诉被告合同纠纷一案，因被告下落不明，依照《中华人民共和国民事诉讼法》之规定，向你公告送达起诉状副本、应诉通知书、举证通知书及开庭传票。自公告之日起经过三十日即视为送达。提出答辩状和举证的期限分别为公告期满后十五日内，并定于举证期满后第三日上午九时
湖南省人民法院
本院受理原告诉被告合同纠纷一案，因被告下落不明，依照《中华人民共和国民事诉讼法》之规定，向你公告送达起诉状副本、应诉通知书、举证通知书及开庭传票。自公告之日起经过三十日即视为送达。提出答辩状和举证的期限分别为公告期满后十五日内，并定于举证期满后第三日上午九时在本院第一法庭公开开庭审理，逾期将依法缺席判决。本院受理原告诉被告合同纠纷一案，因被告下落不明，依照《中华人民共和国民事诉讼法》之规定，向你公告送达起诉状副本、应诉通知书、举证通知书及开庭传票。自公告之日起经过三十日即视为送达。提出答辩状和举证的期限分别为公告期满后十五日内，并定于举证期满后第三日上午九时在本院第一法庭公开开庭审理，逾期将
云南省中级人民法院
本院受理原告诉被告合同纠纷一案，因被告下落不明，依照《中华人民共和国民事诉讼法》之规定，向你公告送达起诉状副本、应诉通知书、举证通知书及开庭传票。自公告之日起经过三十日即视为送达。提出答辩状和举证的期限分别为公告期满后十五日内，并定于举证期满后第三日上午九时在本院第一法庭公开开庭审理，逾期将依法缺席判决。本院受理原告诉被告合
陕西省西安市中级人民法院
本院受理原告诉被告合同纠纷一案，因被告下落不明，依照《中华人民共和国民事诉讼法》之规定，向你公告送达起诉状副本、应诉通知书、举证通知书及开庭传票。自公告之日起经过三十日即视为送达。提出答辩状和举证的期限分别为公告期满后十五日内，并定于举证期满后第三日上午九时在本院第一法庭公开开庭审理，逾期将依法缺席判决。本院受理原告诉被告合同纠纷一案，因被告下落不明，依照《
武汉仲裁委员会公告
本院受理原告诉被告合同纠纷一案，因被告下落不明，依照《中华人民共和国民事诉讼法》之规定，向你公告送达起诉状副本、应诉通知书、举证通知书及开庭传票。自公告之日起经过三十日即视为送达。提出答辩状和举证的期限分别为公告期满后十五日内，并定于举证期满后第三日上午九时在本院第一法庭公开开庭审理，逾期将依法缺席判决。本院受理原告诉被告合同纠纷一案，因被告下落不明，依照《中华人民共和国民事诉讼法》之规定，
遗失声明
本院受理原告诉被告合同纠纷一案，因被告下落不明，依照《中华人民共和国民事诉讼法》之规定，向你公告送达起诉状副本、应诉通知书、举证通知书及开庭传票。自公告之日起经过三十日即视为送达。提出答辩状和举证的期限分别为公告期满后十五日内，并定于举证期满后第三日上午九时在本院第一法庭公开开庭审理，逾期将依法缺席判决。本院受理原告诉被告合同纠纷一案，因被告下落不明，依照《中华人民共和国民事诉讼法》之规定，向你公告送达起诉状副本、应诉通知书
北京市人民法院
本院受理原告诉被告合同纠纷一案，因被告下落不明，依照《中华人民共和国民事诉讼法》之规定，向你公告送达起诉状副本、应诉通知书、举证通知书及开庭传票。自公告之日起经过三十日即视为送达。提出答辩状和举证的期限分别为公告期满后十五日内，并定于举证期满后第三日上午九时在本院第一法庭公开开庭审理，逾期将依法缺席判决。本院受理原告诉被告合同纠纷一案，因被告下落不明，依照《中华人民共和国民事诉讼法》之规定，向你公告送达起诉状副本、应诉通知书、举证通知书及开庭传票。自公告之日
深圳市人民法院
本院受理原告诉被告合同纠纷一案，因被告下落不明，依照《中华人民共和国民事诉讼法》之规定，向你公告送达起诉状副本、应诉通知书、举证通知书及开庭传票。自公告之日起经过三十日即视为送达。提出答辩状和举证的期限分别为公告期满后十五日内，并定于举证期满后第三日上午九时在本院第一法庭公开开庭审理，逾期将依法缺席判决。本院受理原告诉被告合同纠纷一案，因被告下落不明，依照《中华人民共和国民事诉讼法》之规定，向你公告送达起诉状副本、应诉通知书、举证通知书及开庭传票。自公告之日起经过三十日即视为送达。提出答辩状
广东省人民法院
本院受理原告诉被告合同纠纷一案，因被告下落不明，依照《中华人民共和国民事诉讼法》之规定，向你公告送达起诉状副本、应诉通知书、举证通知书及开庭传票。自公告之日起经过三十日即视为送达。提出答辩状和举证的期限分别为公告期满后十五日内，并定于举证期满后第三日上午九时在本院第一法庭公开开庭审理，逾期将依法缺席判决。本院受理原告诉被告合同纠纷一案，因被告下落不明，依照《中华人民共和国民事诉讼法》之规定，向你公告送达起诉状副本、应诉通知书、举证通知书及开庭传票。自公告之日起经过三十日即视为送达。提出答辩状和举证的期限分别为公告期满后十五日
昆山市人民法院
本院受理原告诉被告合同纠纷一案，因被告下落不明，依照《中华人民共和国民事诉讼法》之规定，向你公告送达起诉状副本、应诉通知书、举证通知书及开庭传票。自公告之日起经过三十日即视为送达。提出答辩状和举证的期限分别为公告期满后十五日内，并定于举证期满后第三日上午九时在本院第一法庭公开开庭审理，逾期将依法缺席判决。本院受理原告诉被告合同纠纷一案，因被告下落不明，依照《中华人民共和国民事诉讼法》之规定，向你公告送达起诉状副本、应诉通知书、举证通知书及开庭传票。自公告之日起经过三十日即视为送达。提出答辩状和举证的期限分别为公告期满后十五日内，并定于举证期满后第三日上午九时
西安市人民法院
本院受理原告诉被告合同纠纷一案，因被告下落不明，依照《中华人民共和国民事诉讼法》之规定，向你公告送达起诉状副本、应诉通知书、举证通知书及开庭传票。自公告之日起经过三十日即视为送达。提出答辩状和举证的期限分别为公告期满后十五日内，并定于举证期满后第三日上午九时在本院第一法庭公开开庭审理，逾期将依法缺席判决。本院受理原告诉被告合同纠纷一案，因被告下落不明，依照《中华人民共和国民事诉讼法》之规定，向你公告送达起诉状副本、应诉通知书、举证通知书及开庭传票。自公告之日起经过三十日即视为送达。提出答辩状和举证的期限分别为公告期满后十五日内，并定于举证期满后第三日上午九时在本院第一法庭公开开庭审理，逾期将
河北省人民法院
本院受理原告诉被告合同纠纷一案，因被告下落不明，依照《中华人民共和国民事诉讼法》之规定，向你公告送达起诉状副本、应诉通知书、举证通知书及开庭传票。自公告之日起经过三十日即视为送达。提出答辩状和举证的期限分别为公告期满后十五日内，并定于举证期满后第三日上午九时在本院第一法庭公开开庭审理，逾期将依法缺席判决。本院受理原告诉被告合
江苏省人民法院
本院受理原告诉被告合同纠纷一案，因被告下落不明，依照《中华人民共和国民事诉讼法》之规定，向你公告送达起诉状副本、应诉通知书、举证通知书及开庭传票。自公告之日起经过三十日即视为送达。提出答辩状和举证的期限分别为公告期满后十五日内，并定于举证期满后第三日上午九时在本院第一法庭公开开庭审理，逾期将依法缺席判决。本院受理原告诉被告合同纠纷一案，因被告下落不明，依照《
湖南省人民法院
本院受理原告诉被告合同纠纷一案，因被告下落不明，依照《中华人民共和国民事诉讼法》之规定，向你公告送达起诉状副本、应诉通知书、举证通知书及开庭传票。自公告之日起经过三十日即视为送达。提出答辩状和举证的期限分别为公告期满后十五日内，并定于举证期满后第三日上午九时在本院第一法庭公开开庭审理，逾期将依法缺席判决。本院受理原告诉被告合同纠纷一案，因被告下落不明，依照《中华人民共和国民事诉讼法》之规定，
云南省中级人民法院
本院受理原告诉被告合同纠纷一案，因被告下落不明，依照《中华人民共和国民事诉讼法》之规定，向你公告送达起诉状副本、应诉通知书、举证通知书及开庭传票。自公告之日起经过三十日即视为送达。提出答辩状和举证的期限分别为公告期满后十五日内，并定于举证期满后第三日上午九时在本院第一法庭公开开庭审理，逾期将依法缺席判决。本院受理原告诉被告合同纠纷一案，因被告下落不明，依照《中华人民共和国民事诉讼法》之规定，向你公告送达起诉状副本、应诉通知书
陕西省西安市中级人民法院
本院受理原告诉被告合同纠纷一案，因被告下落不明，依照《中华人民共和国民事诉讼法》之规定，向你公告送达起诉状副本、应诉通知书、举证通知书及开庭传票。自公告之日起经过三十日即视为送达。提出答辩状和举证的期限分别为公告期满后十五日内，并定于举证期满后第三日上午九时在本院第一法庭公开开庭审理，逾期将依法缺席判决。本院受理原告诉被告合同纠纷一案，因被告下落不明，依照《中华人民共和国民事诉讼法》之规定，向你公告送达起诉状副本、应诉通知书、举证通知书及开庭传票。自公告之日
公告专栏
湖南省人民法院
本院受理原告诉被告合同纠纷一案，因被告下落不明，依照《中华人民共和国民事诉讼法》之规定，向你公告送达起诉状副本、应诉通知书、举证通知书及开庭传票。自公告之日起经过三十日即视为送达。提出答辩状和举证的期限分别为公告期满后十五日内，并定于举证期满后第三日上午九时在本院第一法庭公开开庭审理，逾期将依法缺席判决。本院受理原告诉被告合同纠纷一案，因被告下落不明，依照《中华人民共和国民事诉讼法》之规定，向你公告送达起诉状副本
云南省中级人民法院
本院受理原告诉被告合同纠纷一案，因被告下落不明，依照《中华人民共和国民事诉讼法》之规定，向你公告送达起诉状副本、应诉通知书、举证通知书及开庭传票。自公告之日起经过三十日即视为送达。提出答辩状和举证的期限分别为公告期满后十五日内，并定于举证期满后第三日上午九时在本院第一法庭公开开庭审理，逾期将依法缺席判决。本院受理原告诉被告合同纠纷一案，因被告下落不明，依照《中华人民共和国民事诉讼法》之规定，向你公告送达起诉状副本、应诉通知书、举证通知书及开庭传票
陕西省西安市中级人民法院
本院受理原告诉被告合同纠纷一案，因被告下落不明，依照《中华人民共和国民事诉讼法》之规定，向你公告送达起诉状副本、应诉通知书、举证通知书及开庭传票。自公告之日起经过三十日即视为送达。提出答辩状和举证的期限分别为公告期满后十五日内，并定于举证期满后第三日上午九时在本院第一法庭公开开庭审理，逾期将依法缺席判决。本院受理原告诉被告合同纠纷一案，因被告下落不明，依照《中华人民共和国民事诉讼法》之规定，向你公告送达起诉状副本、应诉通知书、举证通知书及开庭传票。自公告之日起经过三十日即视为送达
武汉仲裁委员会公告
本院受理原告诉被告合同纠纷一案，因被告下落不明，依照《中华人民共和国民事诉讼法》之规定，向你公告送达起诉状副本、应诉通知书、举证通知书及开庭传票。自公告之日起经过三十日即视为送达。提出答辩状和举证的期限分别为公告期满后十五日内，并定于举证期满后第三日上午九时在本院第一法庭公开开庭审理，逾期将依法缺席判决。本院受理原告诉被告合同纠纷一案，因被告下落不明，依照《中华人民共和国民事诉讼法》之规定，向你公告送达起诉状副本、应诉通知书、举证通知书及开庭传票。自公告之日起经过三十日即视为送达。提出答辩状和举证的期限分别为公告
遗失声明
本院受理原告诉被告合同纠纷一案，因被告下落不明，依照《中华人民共和国民事诉讼法》之规定，向你公告送达起诉状副本、应诉通知书、举证通知书及开庭传票。自公告之日起经过三十日即视为送达。提出答辩状和举证的期限分别为公告期满后十五日内，并定于举证期满后第三日上午九时在本院第一法庭公开开庭审理，逾期将依法缺席判决。本院受理原告诉被告合同纠纷一案，因被告下落不明，依照《中华人民共和国民事诉讼法》之规定，向你公告送达起诉状副本、应诉通知书、举证通知书及开庭传票。自公告之日起经过三十日即视为送达。提出答辩状和举证的期限分别为公告期满后十五日内，并定于举证期满后第
北京市人民法院
本院受理原告诉被告合同纠纷一案，因被告下落不明，依照《中华人民共和国民事诉讼法》之规定，向你公告送达起诉状副本、应诉通知书、举证通知书及开庭传票。自公告之日起经过三十日即视为送达。提出答辩状和举证的期限分别为公告期满后十五日内，并定于举证期满后第三日上午九时在本院第一法庭公开开庭审理，逾期将依法缺席判决。本院受理原告诉被告合同纠纷一案，因被告下落不明，依照《中华人民共和国民事诉讼法》之规定，向你公告送达起诉状副本、应诉通知书、举证通知书及开庭传票。自公告之日起经过三十日即视为送达。提出答辩状和举证的期限分别为公告期满后十五日内，并定于举证期满后第三日上午九时在本院第一法庭公开开庭
深圳市人民法院
本院受理原告诉被告合同纠纷一案，因被告下落不明，依照《中华人民共和国民事诉讼法》之规定，向你公告送达起诉状副本、应诉通知书、举证通知书及开庭传票。自公告之日起经过三十日即视为送达。提出答辩状和举证的期限分别为公告期满后十五日内，并定于举证期满后第三日上午九时在本院第一法庭公开开庭审理，逾期将依法缺席判决。本院受理
广东省人民法院
本院受理原告诉被告合同纠纷一案，因被告下落不明，依照《中华人民共和国民事诉讼法》之规定，向你公告送达起诉状副本、应诉通知书、举证通知书及开庭传票。自公告之日起经过三十日即视为送达。提出答辩状和举证的期限分别为公告期满后十五日内，并定于举证期满后第三日上午九时在本院第一法庭公开开庭审理，逾期将依法缺席判决。本院受理原告诉被告合同纠纷一案，因被告下落
昆山市人民法院
本院受理原告诉被告合同纠纷一案，因被告下落不明，依照《中华人民共和国民事诉讼法》之规定，向你公告送达起诉状副本、应诉通知书、举证通知书及开庭传票。自公告之日起经过三十日即视为送达。提出答辩状和举证的期限分别为公告期满后十五日内，并定于举证期满后第三日上午九时在本院第一法庭公开开庭审理，逾期将依法缺席判决。本院受理原告诉被告合同纠纷一案，因被告下落不明，依照《中华人民共和国民事诉讼
西安市人民法院
本院受理原告诉被告合同纠纷一案，因被告下落不明，依照《中华人民共和国民事诉讼法》之规定，向你公告送达起诉状副本、应诉通知书、举证通知书及开庭传票。自公告之日起经过三十日即视为送达。提出答辩状和举证的期限分别为公告期满后十五日内，并定于举证期满后第三日上午九时在本院第一法庭公开开庭审理，逾期将依法缺席判决。本院受理原告诉被告合同纠纷一案，因被告下落不明，依照《中华人民共和国民事诉讼法》之规定，向你公告送达起诉状副本
河北省人民法院
本院受理原告诉被告合同纠纷一案，因被告下落不明，依照《中华人民共和国民事诉讼法》之规定，向你公告送达起诉状副本、应诉通知书、举证通知书及开庭传票。自公告之日起经过三十日即视为送达。提出答辩状和举证的期限分别为公告期满后十五日内，并定于举证期满后第三日上午九时在本院第一法庭公开开庭审理，逾期将依法缺席判决。本院受理原告诉被告合同纠纷一案，因被告下落不明，依照《中华人民共和国民事诉讼法》之规定，向你公告送达起诉状副本、应诉通知书、举证通知书及开庭传票
江苏省人民法院
本院受理原告诉被告合同纠纷一案，因被告下落不明，依照《中华人民共和国民事诉讼法》之规定，向你公告送达起诉状副本、应诉通知书、举证通知书及开庭传票。自公告之日起经过三十日即视为送达。提出答辩状和举证的期限分别为公告期满后十五日内，并定于举证期满后第三日上午九时在本院第一法庭公开开庭审理，逾期将依法缺席判决。本院受理原告诉被告合同纠纷一案，因被告下落不明，依照《中华人民共和国民事诉讼法》之规定，向你公告送达起诉状副本、应诉通知书、举证通知书及开庭传票。自公告之日起经过三十日即视为送达
湖南省人民法院
本院受理原告诉被告合同纠纷一案，因被告下落不明，依照《中华人民共和国民事诉讼法》之规定，向你公告送达起诉状副本、应诉通知书、举证通知书及开庭传票。自公告之日起经过三十日即视为送达。提出答辩状和举证的期限分别为公告期满后十五日内，并定于举证期满后第三日上午九时在本院第一法庭公开开庭审理，逾期将依法缺席判决。本院受理原告诉被告合同纠纷一案，因被告下落不明，依照《中华人民共和国民事诉讼法》之规定，向你公告送达起诉状副本、应诉通知书、举证通知书及开庭传票。自公告之日起经过三十日即视为送达。提出答辩状和举证的期限分别为公告
云南省中级人民法院
本院受理原告诉被告合同纠纷一案，因被告下落不明，依照《中华人民共和国民事诉讼法》之规定，向你公告送达起诉状副本、应诉通知书、举证通知书及开庭传票。自公告之日起经过三十日即视为送达。提出答辩状和举证的期限分别为公告期满后十五日内，并定于举证期满后第三日上午九时在本院第一法庭公开开庭审理，逾期将依法缺席判决。本院受理原告诉被告合同纠纷一案，因被告下落不明，依照《中华人民共和国民事诉讼法》之规定，向你公告送达起诉状副本、应诉通知书、举证通知书及开庭传票。自公告之日起经过三十日即视为送达。提出答辩状和举证的期限分别为公告期满后十五日内，并定于举证期满后第
陕西省西安市中级人民法院
本院受理原告诉被告合同纠纷一案，因被告下落不明，依照《中华人民共和国民事诉讼法》之规定，向你公告送达起诉状副本、应诉通知书、举证通知书及开庭传票。自公告之日起经过三十日即视为送达。提出答辩状和举证的期限分别为公告期满后十五日内，并定于举证期满后第三日上午九时在本院第一法庭公开开庭审理，逾期将依法缺席判决。本院受理原告诉被告合同纠纷一案，因被告下落不明，依照《中华人民共和国民事诉讼法》之规定，向你公告送达起诉状副本、应诉通知书、举证通知书及开庭传票。自公告之日起经过三十日即视为送达。提出答辩状和举证的期限分别为公告期满后十五日内，并定于举证期满后第三日上午九时在本院第一法庭公开开庭
武汉仲裁委员会公告
本院受理原告诉被告合同纠纷一案，因被告下落不明，依照《中华人民共和国民事诉讼法》之规定，向你公告送达起诉状副本、应诉通知书、举证通知书及开庭传票。自公告之日起经过三十日即视为送达。提出答辩状和举证的期限分别为公告期满后十五日内，并定于举证期满后第三日上午九时在本院第一法庭公开开庭审理，逾期将依法缺席判决。本院受理
遗失声明
本院受理原告诉被告合同纠纷一案，因被告下落不明，依照《中华人民共和国民事诉讼法》之规定，向你公告送达起诉状副本、应诉通知书、举证通知书及开庭传票。自公告之日起经过三十日即视为送达。提出答辩状和举证的期限分别为公告期满后十五日内，并定于举证期满后第三日上午九时在本院第一法庭公开开庭审理，逾期将依法缺席判决。本院受理原告诉被告合同纠纷一案，因被告下落
北京市人民法院
本院受理原告诉被告合同纠纷一案，因被告下落不明，依照《中华人民共和国民事诉讼法》之规定，向你公告送达起诉状副本、应诉通知书、举证通知书及开庭传票。自公告之日起经过三十日即视为送达。提出答辩状和举证的期限分别为公告期满后十五日内，并定于举证期满后第三日上午九时在本院第一法庭公开开庭审理，逾期将依法缺席判决。本院受理原告诉被告合同纠纷一案，因被告下落不明，依照《中华人民共和国民事诉讼
深圳市人民法院
本院受理原告诉被告合同纠纷一案，因被告下落不明，依照《中华人民共和国民事诉讼法》之规定，向你公告送达起诉状副本、应诉通知书、举证通知书及开庭传票。自公告之日起经过三十日即视为送达。提出答辩状和举证的期限分别为公告期满后十五日内，并定于举证期满后第三日上午九时在本院第一法庭公开开庭审理，逾期将依法缺席判决。本院受理原告诉被告合同纠纷一案，因被告下落不明，依照《中华人民共和国民事诉讼法》之规定，向你公告送达起诉状副本
广东省人民法院
本院受理原告诉被告合同纠纷一案，因被告下落不明，依照《中华人民共和国民事诉讼法》之规定，向你公告送达起诉状副本、应诉通知书、举证通知书及开庭传票。自公告之日起经过三十日即视为送达。提出答辩状和举证的期限分别为公告期满后十五日内，并定于举证期满后第三日上午九时在本院第一法庭公开开庭审理，逾期将依法缺席判决。本院受理原告诉被告合同纠纷一案，因被告下落不明，依照《中华人民共和国民事诉讼法》之规定，向你公告送达起诉状副本、应诉通知书、举证通知书及开庭传票
昆山市人民法院
本院受理原告诉被告合同纠纷一案，因被告下落不明，依照《中华人民共和国民事诉讼法》之规定，向你公告送达起诉状副本、应诉通知书、举证通知书及开庭传票。自公告之日起经过三十日即视为送达。提出答辩状和举证的期限分别为公告期满后十五日内，并定于举证期满后第三日上午九时在本院第一法庭公开开庭审理，逾期将依法缺席判决。本院受理原告诉被告合同纠纷一案，因被告下落不明，依照《中华人民共和国民事诉讼法》之规定，向你公告送达起诉状副本、应诉通知书、举证通知书及开庭传票。自公告之日起经过三十日即视为送达
西安市人民法院
本院受理原告诉被告合同纠纷一案，因被告下落不明，依照《中华人民共和国民事诉讼法》之规定，向你公告送达起诉状副本、应诉通知书、举证通知书及开庭传票。自公告之日起经过三十日即视为送达。提出答辩状和举证的期限分别为公告期满后十五日内，并定于举证期满后第三日上午九时在本院第一法庭公开开庭审理，逾期将依法缺席判决。本院受理原告诉被告合同纠纷一案，因被告下落不明，依照《中华人民共和国民事诉讼法》之规定，向你公告送达起诉状副本、应诉通知书、举证通知书及开庭传票。自公告之日起经过三十日即视为送达。提出答辩状和举证的期限分别为公告
河北省人民法院
本院受理原告诉被告合同纠纷一案，因被告下落不明，依照《中华人民共和国民事诉讼法》之规定，向你公告送达起诉状副本、应诉通知书、举证通知书及开庭传票。自公告之日起经过三十日即视为送达。提出答辩状和举证的期限分别为公告期满后十五日内，并定于举证期满后第三日上午九时在本院第一法庭公开开庭审理，逾期将依法缺席判决。本院受理原告诉被告合同纠纷一案，因被告下落不明，依照《中华人民共和国民事诉讼法》之规定，向你公告送达起诉状副本、应诉通知书、举证通知书及开庭传票。自公告之日起经过三十日即视为送达。提出答辩状和举证的期限分别为公告期满后十五日内，并定于举证期满后第
江苏省人民法院
本院受理原告诉被告合同纠纷一案，因被告下落不明，依照《中华人民共和国民事诉讼法》之规定，向你公告送达起诉状副本、应诉通知书、举证通知书及开庭传票。自公告之日起经过三十日即视为送达。提出答辩状和举证的期限分别为公告期满后十五日内，并定于举证期满后第三日上午九时在本院第一法庭公开开庭审理，逾期将依法缺席判决。本院受理原告诉被告合同纠纷一案，因被告下落不明，依照《中华人民共和国民事诉讼法》之规定，向你公告送达起诉状副本、应诉通知书、举证通知书及开庭传票。自公告之日起经过三十日即视为送达。提出答辩状和举证的期限分别为公告期满后十五日内，并定于举证期满后第三日上午九时在本院第一法庭公开开庭
湖南省人民法院
本院受理原告诉被告合同纠纷一案，因被告下落不明，依照《中华人民共和国民事诉讼法》之规定，向你公告送达起诉状副本、应诉通知书、举证通知书及开庭传票。自公告之日起经过三十日即视为送达。提出答辩状和举证的期限分别为公告期满后十五日内，并定于举证期满后第三日上午九时在本院第一法庭公开开庭审理，逾期将依法缺席判决。本院受理
云南省中级人民法院
本院受理原告诉被告合同纠纷一案，因被告下落不明，依照《中华人民共和国民事诉讼法》之规定，向你公告送达起诉状副本、应诉通知书、举证通知书及开庭传票。自公告之日起经过三十日即视为送达。提出答辩状和举证的期限分别为公告期满后十五日内，并定于举证期满后第三日上午九时在本院第一法庭公开开庭审理，逾期将依法缺席判决。本院受理原告诉被告合同纠纷一案，因被告下落
陕西省西安市中级人民法院
本院受理原告诉被告合同纠纷一案，因被告下落不明，依照《中华人民共和国民事诉讼法》之规定，向你公告送达起诉状副本、应诉通知书、举证通知书及开庭传票。自公告之日起经过三十日即视为送达。提出答辩状和举证的期限分别为公告期满后十五日内，并定于举证期满后第三日上午九时在本院第一法庭公开开庭审理，逾期将依法缺席判决。本院受理原告诉被告合同纠纷一案，因被告下落不明，依照《中华人民共和国民事诉讼
武汉仲裁委员会公告
本院受理原告诉被告合同纠纷一案，因被告下落不明，依照《中华人民共和国民事诉讼法》之规定，向你公告送达起诉状副本、应诉通知书、举证通知书及开庭传票。自公告之日起经过三十日即视为送达。提出答辩状和举证的期限分别为公告期满后十五日内，并定于举证期满后第三日上午九时在本院第一法庭公开开庭审理，逾期将依法缺席判决。本院受理原告诉被告合同纠纷一案，因被告下落不明，依照《中华人民共和国民事诉讼法》之规定，向你公告送达起诉状副本
遗失声明
本院受理原告诉被告合同纠纷一案，因被告下落不明，依照《中华人民共和国民事诉讼法》之规定，向你公告送达起诉状副本、应诉通知书、举证通知书及开庭传票。自公告之日起经过三十日即视为送达。提出答辩状和举证的期限分别为公告期满后十五日内，并定于举证期满后第三日上午九时在本院第一法庭公开开庭审理，逾期将依法缺席判决。本院受理原告诉被告合同纠纷一案，因被告下落不明，依照《中华人民共和国民事诉讼法》之规定，向你公告送达起诉状副本、应诉通知书、举证通知书及开庭传票
北京市人民法院
本院受理原告诉被告合同纠纷一案，因被告下落不明，依照《中华人民共和国民事诉讼法》之规定，向你公告送达起诉状副本、应诉通知书、举证通知书及开庭传票。自公告之日起经过三十日即视为送达。提出答辩状和举证的期限分别为公告期满后十五日内，并定于举证期满后第三日上午九时在本院第一法庭公开开庭审理，逾期将依法缺席判决。本院受理原告诉被告合同纠纷一案，因被告下落不明，依照《中华人民共和国民事诉讼法》之规定，向你公告送达起诉状副本、应诉通知书、举证通知书及开庭传票。自公告之日起经过三十日即视为送达
